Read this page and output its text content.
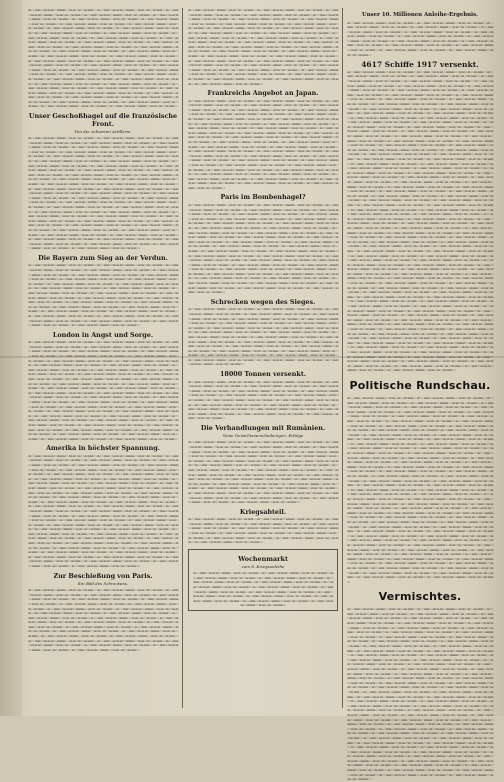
▬ ▭ ▬▬ ▭▬ ▬ ▬▭ ▬▬▬ ▭ ▬ ▬▭▬ ▭▬ ▬▬ ▭ ▬ ▭ ▬▬ ▭▬ ▬ ▬▭ ▬▬▬ ▭ ▬ ▬▭▬ ▭▬ ▬▬ ▭ ▬ ▭ ▬▬ ▭▬ ▬ ▬▭ ▬▬▬ ▭ ▬ ▬▭▬ ▭▬ ▬▬ ▭ ▬ ▭ ▬▬ ▭▬ ▬ ▬▭ ▬▬▬ ▭ ▬ ▬▭▬ ▭▬ ▬▬ ▭ ▬ ▭ ▬▬ ▭▬ ▬ ▬▭ ▬▬▬ ▭ ▬ ▬▭▬ ▭▬ ▬▬ ▭ ▬ ▭ ▬▬ ▭▬ ▬ ▬▭ ▬▬▬ ▭ ▬ ▬▭▬ ▭▬ ▬▬ ▭ ▬ ▭ ▬▬ ▭▬ ▬ ▬▭ ▬▬▬ ▭ ▬ ▬▭▬ ▭▬ ▬▬ ▭ ▬ ▭ ▬▬ ▭▬ ▬ ▬▭ ▬▬▬ ▭ ▬ ▬▭▬ ▭▬ ▬▬ ▭ ▬ ▭ ▬▬ ▭▬ ▬ ▬▭ ▬▬▬ ▭ ▬ ▬▭▬ ▭▬ ▬▬ ▭ ▬ ▭ ▬▬ ▭▬ ▬ ▬▭ ▬▬▬ ▭ ▬ ▬▭▬ ▭▬ ▬▬ ▭ ▬ ▭ ▬▬ ▭▬ ▬ ▬▭ ▬▬▬ ▭ ▬ ▬▭▬ ▭▬ ▬▬ ▭ ▬ ▭ ▬▬ ▭▬ ▬ ▬▭ ▬▬▬ ▭ ▬ ▬▭▬ ▭▬ ▬▬ ▭ ▬ ▭ ▬▬ ▭▬ ▬ ▬▭ ▬▬▬ ▭ ▬ ▬▭▬ ▭▬ ▬▬ ▭ ▬ ▭ ▬▬ ▭▬ ▬ ▬▭ ▬▬▬ ▭ ▬ ▬▭▬ ▭▬ ▬▬ ▭ ▬ ▭ ▬▬ ▭▬ ▬ ▬▭ ▬▬▬ ▭ ▬ ▬▭▬ ▭▬ ▬▬ ▭ ▬ ▭ ▬▬ ▭▬ ▬ ▬▭ ▬▬▬ ▭ ▬ ▬▭▬ ▭▬ ▬▬ ▭ ▬ ▭ ▬▬ ▭▬ ▬ ▬▭ ▬▬▬ ▭ ▬ ▬▭▬ ▭▬ ▬▬ ▭ ▬ ▭ ▬▬ ▭▬ ▬ ▬▭ ▬▬▬ ▭ ▬ ▬▭▬ ▭▬ ▬▬ ▭ ▬ ▭ ▬▬ ▭▬ ▬ ▬▭ ▬▬▬ ▭ ▬ ▬▭▬ ▭▬ ▬▬ ▭ ▬ ▭ ▬▬ ▭▬ ▬ ▬▭ ▬▬▬ ▭ ▬ ▬▭▬ ▭▬ ▬▬ ▭ ▬ ▭ ▬▬ ▭▬ ▬ ▬▭ ▬▬▬ ▭ ▬ ▬▭▬ ▭▬ ▬▬ ▭ ▬ ▭ ▬▬ ▭▬ ▬ ▬▭ ▬▬▬ ▭ ▬ ▬▭▬ ▭▬ ▬▬ ▭ ▬ ▭ ▬▬ ▭▬ ▬ ▬▭ ▬▬▬ ▭ ▬ ▬▭▬ ▭▬ ▬▬ ▭ ▬ ▭ ▬▬ ▭▬ ▬ ▬▭ ▬▬▬ ▭ ▬ ▬▭▬ ▭▬ ▬▬ ▭ ▬ ▭ ▬▬ ▭▬ ▬ ▬▭ ▬▬▬ ▭ ▬ ▬▭▬ ▭▬ ▬▬ ▭ ▬ ▭ ▬▬ ▭▬ ▬ ▬▭ ▬▬▬ ▭ ▬ ▬▭▬ ▭▬ ▬▬ ▭ ▬ ▭ ▬▬ ▭▬ ▬ ▬▭ ▬▬▬ ▭ ▬ ▬▭▬ ▭▬ ▬▬ ▭ ▬ ▭ ▬▬ ▭▬ ▬ ▬▭ ▬▬▬ ▭ ▬ ▬▭▬ ▭▬ ▬▬ ▭ ▬ ▭ ▬▬ ▭▬ ▬ ▬▭ ▬▬▬ ▭ ▬ ▬▭▬ ▭▬ ▬▬ ▭ ▬ ▭ ▬▬ ▭▬ ▬ ▬▭ ▬▬▬ ▭ ▬ ▬▭▬ ▭▬ ▬▬ ▭ ▬ ▭ ▬▬ ▭▬ ▬ ▬▭ ▬▬▬ ▭ ▬ ▬▭▬ ▭▬ ▬▬ ▭ ▬ ▭ ▬▬ ▭▬ ▬ ▬▭ ▬▬▬ ▭ ▬ ▬▭▬ ▭▬ ▬▬ ▭ ▬ ▭ ▬▬ ▭▬ ▬ ▬▭ ▬▬▬ ▭ ▬ ▬▭▬ ▭▬ ▬▬ ▭ ▬ ▭ ▬▬ ▭▬ ▬ ▬▭ ▬▬▬ ▭ ▬ ▬▭▬ ▭▬ ▬▬ ▭ ▬ ▭ ▬▬ ▭▬ ▬ ▬▭ ▬▬▬ ▭ ▬ ▬▭▬ ▭▬ ▬▬ ▭ ▬ ▭ ▬▬ ▭▬ ▬ ▬▭ ▬▬▬ ▭ ▬ ▬▭▬ ▭▬ ▬▬ ▭ ▬ ▭ ▬▬ ▭▬ ▬ ▬▭ ▬▬▬ ▭ ▬ ▬▭▬ ▭▬ ▬▬ ▭ ▬ ▭ ▬▬ ▭▬ ▬ ▬▭ ▬▬▬ ▭ ▬ ▬▭▬ ▭▬ ▬▬ ▭ ▬ ▭ ▬▬ ▭▬ ▬ ▬▭ ▬▬▬ ▭ ▬ ▬▭▬ ▭▬ ▬▬ ▭ ▬ ▭ ▬▬ ▭▬ ▬ ▬▭ ▬▬▬ ▭ ▬ ▬▭▬ ▭▬ ▬▬ ▭ ▬ ▭ ▬▬ ▭▬ ▬ ▬▭ ▬▬▬ ▭ ▬ ▬▭▬ ▭▬ ▬▬ ▭ ▬ ▭ ▬▬ ▭▬ ▬ ▬▭ ▬▬▬ ▭ ▬ ▬▭▬ ▭▬ ▬▬ ▭ ▬ ▭ ▬▬ ▭▬ ▬ ▬▭ ▬▬▬ ▭ ▬ ▬▭▬ ▭▬ ▬▬ ▭ ▬ ▭ ▬▬ ▭▬ ▬ ▬▭ ▬▬▬ ▭ ▬ ▬▭▬ ▭▬ ▬▬ ▭ ▬ ▭ ▬▬ ▭▬ ▬ ▬▭ ▬▬▬ ▭ ▬ ▬▭▬ ▭▬ ▬▬ ▭ ▬ ▭ ▬▬ ▭▬ ▬ ▬▭ ▬▬▬ ▭ ▬ ▬▭▬ ▭▬ ▬▬ ▭ ▬ ▭ ▬▬ ▭▬ ▬ ▬▭ ▬▬▬ ▭ ▬ ▬▭▬ ▭▬ ▬▬ ▭ ▬ ▭ ▬▬ ▭▬ ▬ ▬▭ ▬▬▬ ▭ ▬ ▬▭▬ ▭▬ ▬▬ ▭
Unser Geschoßhagel auf die französische Front.
Von der schweren Artillerie.
▬ ▭ ▬▬ ▭▬ ▬ ▬▭ ▬▬▬ ▭ ▬ ▬▭▬ ▭▬ ▬▬ ▭ ▬ ▭ ▬▬ ▭▬ ▬ ▬▭ ▬▬▬ ▭ ▬ ▬▭▬ ▭▬ ▬▬ ▭ ▬ ▭ ▬▬ ▭▬ ▬ ▬▭ ▬▬▬ ▭ ▬ ▬▭▬ ▭▬ ▬▬ ▭ ▬ ▭ ▬▬ ▭▬ ▬ ▬▭ ▬▬▬ ▭ ▬ ▬▭▬ ▭▬ ▬▬ ▭ ▬ ▭ ▬▬ ▭▬ ▬ ▬▭ ▬▬▬ ▭ ▬ ▬▭▬ ▭▬ ▬▬ ▭ ▬ ▭ ▬▬ ▭▬ ▬ ▬▭ ▬▬▬ ▭ ▬ ▬▭▬ ▭▬ ▬▬ ▭ ▬ ▭ ▬▬ ▭▬ ▬ ▬▭ ▬▬▬ ▭ ▬ ▬▭▬ ▭▬ ▬▬ ▭ ▬ ▭ ▬▬ ▭▬ ▬ ▬▭ ▬▬▬ ▭ ▬ ▬▭▬ ▭▬ ▬▬ ▭ ▬ ▭ ▬▬ ▭▬ ▬ ▬▭ ▬▬▬ ▭ ▬ ▬▭▬ ▭▬ ▬▬ ▭ ▬ ▭ ▬▬ ▭▬ ▬ ▬▭ ▬▬▬ ▭ ▬ ▬▭▬ ▭▬ ▬▬ ▭ ▬ ▭ ▬▬ ▭▬ ▬ ▬▭ ▬▬▬ ▭ ▬ ▬▭▬ ▭▬ ▬▬ ▭ ▬ ▭ ▬▬ ▭▬ ▬ ▬▭ ▬▬▬ ▭ ▬ ▬▭▬ ▭▬ ▬▬ ▭ ▬ ▭ ▬▬ ▭▬ ▬ ▬▭ ▬▬▬ ▭ ▬ ▬▭▬ ▭▬ ▬▬ ▭ ▬ ▭ ▬▬ ▭▬ ▬ ▬▭ ▬▬▬ ▭ ▬ ▬▭▬ ▭▬ ▬▬ ▭ ▬ ▭ ▬▬ ▭▬ ▬ ▬▭ ▬▬▬ ▭ ▬ ▬▭▬ ▭▬ ▬▬ ▭ ▬ ▭ ▬▬ ▭▬ ▬ ▬▭ ▬▬▬ ▭ ▬ ▬▭▬ ▭▬ ▬▬ ▭ ▬ ▭ ▬▬ ▭▬ ▬ ▬▭ ▬▬▬ ▭ ▬ ▬▭▬ ▭▬ ▬▬ ▭ ▬ ▭ ▬▬ ▭▬ ▬ ▬▭ ▬▬▬ ▭ ▬ ▬▭▬ ▭▬ ▬▬ ▭ ▬ ▭ ▬▬ ▭▬ ▬ ▬▭ ▬▬▬ ▭ ▬ ▬▭▬ ▭▬ ▬▬ ▭ ▬ ▭ ▬▬ ▭▬ ▬ ▬▭ ▬▬▬ ▭ ▬ ▬▭▬ ▭▬ ▬▬ ▭ ▬ ▭ ▬▬ ▭▬ ▬ ▬▭ ▬▬▬ ▭ ▬ ▬▭▬ ▭▬ ▬▬ ▭ ▬ ▭ ▬▬ ▭▬ ▬ ▬▭ ▬▬▬ ▭ ▬ ▬▭▬ ▭▬ ▬▬ ▭ ▬ ▭ ▬▬ ▭▬ ▬ ▬▭ ▬▬▬ ▭ ▬ ▬▭▬ ▭▬ ▬▬ ▭ ▬ ▭ ▬▬ ▭▬ ▬ ▬▭ ▬▬▬ ▭ ▬ ▬▭▬ ▭▬ ▬▬ ▭ ▬ ▭ ▬▬ ▭▬ ▬ ▬▭ ▬▬▬ ▭ ▬ ▬▭▬ ▭▬ ▬▬ ▭ ▬ ▭ ▬▬ ▭▬ ▬ ▬▭ ▬▬▬ ▭ ▬ ▬▭▬ ▭▬ ▬▬ ▭ ▬ ▭ ▬▬ ▭▬ ▬ ▬▭ ▬▬▬ ▭ ▬ ▬▭▬ ▭▬ ▬▬ ▭ ▬ ▭ ▬▬ ▭▬ ▬ ▬▭ ▬▬▬ ▭ ▬ ▬▭▬ ▭▬ ▬▬ ▭ ▬ ▭ ▬▬ ▭▬ ▬ ▬▭ ▬▬▬ ▭ ▬ ▬▭▬ ▭▬ ▬▬ ▭ ▬ ▭ ▬▬ ▭▬ ▬ ▬▭ ▬▬▬ ▭ ▬ ▬▭▬ ▭▬ ▬▬ ▭ ▬ ▭ ▬▬ ▭▬ ▬ ▬▭ ▬▬▬ ▭ ▬ ▬▭▬ ▭▬ ▬▬ ▭ ▬ ▭ ▬▬ ▭▬ ▬ ▬▭ ▬▬▬ ▭ ▬ ▬▭▬ ▭▬ ▬▬ ▭ ▬ ▭ ▬▬ ▭▬ ▬ ▬▭ ▬▬▬ ▭ ▬ ▬▭▬ ▭▬ ▬▬ ▭ ▬ ▭ ▬▬ ▭▬ ▬ ▬▭ ▬▬▬ ▭ ▬ ▬▭▬ ▭▬ ▬▬ ▭ ▬ ▭ ▬▬ ▭▬ ▬ ▬▭ ▬▬▬ ▭ ▬ ▬▭▬ ▭▬ ▬▬ ▭ ▬ ▭ ▬▬ ▭▬ ▬ ▬▭ ▬▬▬ ▭ ▬ ▬▭▬ ▭▬ ▬▬ ▭ ▬ ▭ ▬▬ ▭▬ ▬ ▬▭ ▬▬▬ ▭ ▬ ▬▭▬ ▭▬ ▬▬ ▭ ▬ ▭ ▬▬ ▭▬ ▬ ▬▭ ▬▬▬ ▭ ▬ ▬▭▬ ▭▬ ▬▬ ▭ ▬ ▭ ▬▬ ▭▬ ▬ ▬▭ ▬▬▬ ▭ ▬ ▬▭▬ ▭▬ ▬▬ ▭ ▬ ▭ ▬▬ ▭▬ ▬ ▬▭ ▬▬▬ ▭ ▬ ▬▭▬ ▭▬ ▬▬ ▭ ▬ ▭ ▬▬ ▭▬ ▬ ▬▭ ▬▬▬ ▭ ▬ ▬▭▬ ▭▬ ▬▬ ▭ ▬ ▭ ▬▬ ▭▬ ▬ ▬▭ ▬▬▬ ▭ ▬ ▬▭▬ ▭▬ ▬▬ ▭ ▬ ▭ ▬▬ ▭▬ ▬ ▬▭ ▬▬▬ ▭ ▬ ▬▭▬ ▭▬ ▬▬ ▭ ▬ ▭ ▬▬ ▭▬ ▬ ▬▭ ▬▬▬ ▭ ▬ ▬▭▬ ▭▬ ▬▬ ▭ ▬ ▭ ▬▬ ▭▬ ▬ ▬▭ ▬▬▬ ▭ ▬ ▬▭▬ ▭▬ ▬▬ ▭ ▬ ▭ ▬▬ ▭▬ ▬ ▬▭ ▬▬▬ ▭ ▬ ▬▭▬ ▭▬ ▬▬ ▭ ▬ ▭ ▬▬ ▭▬ ▬ ▬▭ ▬▬▬ ▭ ▬ ▬▭▬ ▭▬ ▬▬ ▭ ▬ ▭ ▬▬ ▭▬ ▬ ▬▭ ▬▬▬ ▭ ▬ ▬▭▬ ▭▬ ▬▬ ▭ ▬ ▭ ▬▬ ▭▬ ▬ ▬▭ ▬▬▬ ▭ ▬ ▬▭▬ ▭▬ ▬▬ ▭ ▬ ▭ ▬▬ ▭▬ ▬ ▬▭ ▬▬▬ ▭ ▬ ▬▭▬ ▭▬ ▬▬ ▭ ▬ ▭ ▬▬ ▭▬ ▬ ▬▭ ▬▬▬ ▭ ▬ ▬▭▬ ▭▬ ▬▬ ▭ ▬ ▭ ▬▬ ▭▬ ▬ ▬▭ ▬▬▬ ▭ ▬ ▬▭▬ ▭▬ ▬▬ ▭ ▬ ▭ ▬▬ ▭▬ ▬ ▬▭ ▬▬▬ ▭ ▬ ▬▭▬ ▭▬ ▬▬ ▭ ▬ ▭ ▬▬ ▭▬ ▬ ▬▭ ▬▬▬ ▭ ▬ ▬▭▬ ▭▬ ▬▬ ▭
Die Bayern zum Sieg an der Verdun.
▬ ▭ ▬▬ ▭▬ ▬ ▬▭ ▬▬▬ ▭ ▬ ▬▭▬ ▭▬ ▬▬ ▭ ▬ ▭ ▬▬ ▭▬ ▬ ▬▭ ▬▬▬ ▭ ▬ ▬▭▬ ▭▬ ▬▬ ▭ ▬ ▭ ▬▬ ▭▬ ▬ ▬▭ ▬▬▬ ▭ ▬ ▬▭▬ ▭▬ ▬▬ ▭ ▬ ▭ ▬▬ ▭▬ ▬ ▬▭ ▬▬▬ ▭ ▬ ▬▭▬ ▭▬ ▬▬ ▭ ▬ ▭ ▬▬ ▭▬ ▬ ▬▭ ▬▬▬ ▭ ▬ ▬▭▬ ▭▬ ▬▬ ▭ ▬ ▭ ▬▬ ▭▬ ▬ ▬▭ ▬▬▬ ▭ ▬ ▬▭▬ ▭▬ ▬▬ ▭ ▬ ▭ ▬▬ ▭▬ ▬ ▬▭ ▬▬▬ ▭ ▬ ▬▭▬ ▭▬ ▬▬ ▭ ▬ ▭ ▬▬ ▭▬ ▬ ▬▭ ▬▬▬ ▭ ▬ ▬▭▬ ▭▬ ▬▬ ▭ ▬ ▭ ▬▬ ▭▬ ▬ ▬▭ ▬▬▬ ▭ ▬ ▬▭▬ ▭▬ ▬▬ ▭ ▬ ▭ ▬▬ ▭▬ ▬ ▬▭ ▬▬▬ ▭ ▬ ▬▭▬ ▭▬ ▬▬ ▭ ▬ ▭ ▬▬ ▭▬ ▬ ▬▭ ▬▬▬ ▭ ▬ ▬▭▬ ▭▬ ▬▬ ▭ ▬ ▭ ▬▬ ▭▬ ▬ ▬▭ ▬▬▬ ▭ ▬ ▬▭▬ ▭▬ ▬▬ ▭ ▬ ▭ ▬▬ ▭▬ ▬ ▬▭ ▬▬▬ ▭ ▬ ▬▭▬ ▭▬ ▬▬ ▭ ▬ ▭ ▬▬ ▭▬ ▬ ▬▭ ▬▬▬ ▭ ▬ ▬▭▬ ▭▬ ▬▬ ▭ ▬ ▭ ▬▬ ▭▬ ▬ ▬▭ ▬▬▬ ▭ ▬ ▬▭▬ ▭▬ ▬▬ ▭ ▬ ▭ ▬▬ ▭▬ ▬ ▬▭ ▬▬▬ ▭ ▬ ▬▭▬ ▭▬ ▬▬ ▭ ▬ ▭ ▬▬ ▭▬ ▬ ▬▭ ▬▬▬ ▭ ▬ ▬▭▬ ▭▬ ▬▬ ▭ ▬ ▭ ▬▬ ▭▬ ▬ ▬▭ ▬▬▬ ▭ ▬ ▬▭▬ ▭▬ ▬▬ ▭ ▬ ▭ ▬▬ ▭▬ ▬ ▬▭ ▬▬▬ ▭ ▬ ▬▭▬ ▭▬ ▬▬ ▭ ▬ ▭ ▬▬ ▭▬ ▬ ▬▭ ▬▬▬ ▭ ▬ ▬▭▬ ▭▬ ▬▬ ▭ ▬ ▭ ▬▬ ▭▬ ▬ ▬▭ ▬▬▬ ▭ ▬ ▬▭▬ ▭▬ ▬▬ ▭ ▬ ▭ ▬▬ ▭▬ ▬ ▬▭ ▬▬▬ ▭ ▬ ▬▭▬ ▭▬ ▬▬ ▭ ▬ ▭ ▬▬ ▭▬ ▬ ▬▭ ▬▬▬ ▭ ▬ ▬▭▬ ▭▬ ▬▬ ▭ ▬ ▭ ▬▬ ▭▬ ▬ ▬▭ ▬▬▬ ▭ ▬ ▬▭▬ ▭▬ ▬▬ ▭ ▬ ▭ ▬▬ ▭▬ ▬ ▬▭ ▬▬▬ ▭ ▬ ▬▭▬ ▭▬ ▬▬ ▭ ▬ ▭ ▬▬ ▭▬ ▬ ▬▭ ▬▬▬ ▭ ▬ ▬▭▬ ▭▬ ▬▬ ▭ ▬ ▭ ▬▬ ▭▬ ▬ ▬▭ ▬▬▬ ▭ ▬ ▬▭▬ ▭▬ ▬▬ ▭ ▬ ▭ ▬▬ ▭▬ ▬ ▬▭ ▬▬▬ ▭ ▬ ▬▭▬ ▭▬ ▬▬ ▭ ▬ ▭ ▬▬ ▭▬ ▬ ▬▭ ▬▬▬ ▭ ▬ ▬▭▬ ▭▬ ▬▬ ▭ ▬ ▭ ▬▬ ▭▬ ▬ ▬▭ ▬▬▬ ▭ ▬ ▬▭▬ ▭▬ ▬▬ ▭
London in Angst und Sorge.
▬ ▭ ▬▬ ▭▬ ▬ ▬▭ ▬▬▬ ▭ ▬ ▬▭▬ ▭▬ ▬▬ ▭ ▬ ▭ ▬▬ ▭▬ ▬ ▬▭ ▬▬▬ ▭ ▬ ▬▭▬ ▭▬ ▬▬ ▭ ▬ ▭ ▬▬ ▭▬ ▬ ▬▭ ▬▬▬ ▭ ▬ ▬▭▬ ▭▬ ▬▬ ▭ ▬ ▭ ▬▬ ▭▬ ▬ ▬▭ ▬▬▬ ▭ ▬ ▬▭▬ ▭▬ ▬▬ ▭ ▬ ▭ ▬▬ ▭▬ ▬ ▬▭ ▬▬▬ ▭ ▬ ▬▭▬ ▭▬ ▬▬ ▭ ▬ ▭ ▬▬ ▭▬ ▬ ▬▭ ▬▬▬ ▭ ▬ ▬▭▬ ▭▬ ▬▬ ▭ ▬ ▭ ▬▬ ▭▬ ▬ ▬▭ ▬▬▬ ▭ ▬ ▬▭▬ ▭▬ ▬▬ ▭ ▬ ▭ ▬▬ ▭▬ ▬ ▬▭ ▬▬▬ ▭ ▬ ▬▭▬ ▭▬ ▬▬ ▭ ▬ ▭ ▬▬ ▭▬ ▬ ▬▭ ▬▬▬ ▭ ▬ ▬▭▬ ▭▬ ▬▬ ▭ ▬ ▭ ▬▬ ▭▬ ▬ ▬▭ ▬▬▬ ▭ ▬ ▬▭▬ ▭▬ ▬▬ ▭ ▬ ▭ ▬▬ ▭▬ ▬ ▬▭ ▬▬▬ ▭ ▬ ▬▭▬ ▭▬ ▬▬ ▭ ▬ ▭ ▬▬ ▭▬ ▬ ▬▭ ▬▬▬ ▭ ▬ ▬▭▬ ▭▬ ▬▬ ▭ ▬ ▭ ▬▬ ▭▬ ▬ ▬▭ ▬▬▬ ▭ ▬ ▬▭▬ ▭▬ ▬▬ ▭ ▬ ▭ ▬▬ ▭▬ ▬ ▬▭ ▬▬▬ ▭ ▬ ▬▭▬ ▭▬ ▬▬ ▭ ▬ ▭ ▬▬ ▭▬ ▬ ▬▭ ▬▬▬ ▭ ▬ ▬▭▬ ▭▬ ▬▬ ▭ ▬ ▭ ▬▬ ▭▬ ▬ ▬▭ ▬▬▬ ▭ ▬ ▬▭▬ ▭▬ ▬▬ ▭ ▬ ▭ ▬▬ ▭▬ ▬ ▬▭ ▬▬▬ ▭ ▬ ▬▭▬ ▭▬ ▬▬ ▭ ▬ ▭ ▬▬ ▭▬ ▬ ▬▭ ▬▬▬ ▭ ▬ ▬▭▬ ▭▬ ▬▬ ▭ ▬ ▭ ▬▬ ▭▬ ▬ ▬▭ ▬▬▬ ▭ ▬ ▬▭▬ ▭▬ ▬▬ ▭ ▬ ▭ ▬▬ ▭▬ ▬ ▬▭ ▬▬▬ ▭ ▬ ▬▭▬ ▭▬ ▬▬ ▭ ▬ ▭ ▬▬ ▭▬ ▬ ▬▭ ▬▬▬ ▭ ▬ ▬▭▬ ▭▬ ▬▬ ▭ ▬ ▭ ▬▬ ▭▬ ▬ ▬▭ ▬▬▬ ▭ ▬ ▬▭▬ ▭▬ ▬▬ ▭ ▬ ▭ ▬▬ ▭▬ ▬ ▬▭ ▬▬▬ ▭ ▬ ▬▭▬ ▭▬ ▬▬ ▭ ▬ ▭ ▬▬ ▭▬ ▬ ▬▭ ▬▬▬ ▭ ▬ ▬▭▬ ▭▬ ▬▬ ▭ ▬ ▭ ▬▬ ▭▬ ▬ ▬▭ ▬▬▬ ▭ ▬ ▬▭▬ ▭▬ ▬▬ ▭ ▬ ▭ ▬▬ ▭▬ ▬ ▬▭ ▬▬▬ ▭ ▬ ▬▭▬ ▭▬ ▬▬ ▭ ▬ ▭ ▬▬ ▭▬ ▬ ▬▭ ▬▬▬ ▭ ▬ ▬▭▬ ▭▬ ▬▬ ▭ ▬ ▭ ▬▬ ▭▬ ▬ ▬▭ ▬▬▬ ▭ ▬ ▬▭▬ ▭▬ ▬▬ ▭ ▬ ▭ ▬▬ ▭▬ ▬ ▬▭ ▬▬▬ ▭ ▬ ▬▭▬ ▭▬ ▬▬ ▭ ▬ ▭ ▬▬ ▭▬ ▬ ▬▭ ▬▬▬ ▭ ▬ ▬▭▬ ▭▬ ▬▬ ▭ ▬ ▭ ▬▬ ▭▬ ▬ ▬▭ ▬▬▬ ▭ ▬ ▬▭▬ ▭▬ ▬▬ ▭ ▬ ▭ ▬▬ ▭▬ ▬ ▬▭ ▬▬▬ ▭ ▬ ▬▭▬ ▭▬ ▬▬ ▭ ▬ ▭ ▬▬ ▭▬ ▬ ▬▭ ▬▬▬ ▭ ▬ ▬▭▬ ▭▬ ▬▬ ▭ ▬ ▭ ▬▬ ▭▬ ▬ ▬▭ ▬▬▬ ▭ ▬ ▬▭▬ ▭▬ ▬▬ ▭ ▬ ▭ ▬▬ ▭▬ ▬ ▬▭ ▬▬▬ ▭ ▬ ▬▭▬ ▭▬ ▬▬ ▭ ▬ ▭ ▬▬ ▭▬ ▬ ▬▭ ▬▬▬ ▭ ▬ ▬▭▬ ▭▬ ▬▬ ▭ ▬ ▭ ▬▬ ▭▬ ▬ ▬▭ ▬▬▬ ▭ ▬ ▬▭▬ ▭▬ ▬▬ ▭ ▬ ▭ ▬▬ ▭▬ ▬ ▬▭ ▬▬▬ ▭ ▬ ▬▭▬ ▭▬ ▬▬ ▭ ▬ ▭ ▬▬ ▭▬ ▬ ▬▭ ▬▬▬ ▭ ▬ ▬▭▬ ▭▬ ▬▬ ▭ ▬ ▭ ▬▬ ▭▬ ▬ ▬▭ ▬▬▬ ▭ ▬ ▬▭▬ ▭▬ ▬▬ ▭ ▬ ▭ ▬▬ ▭▬ ▬ ▬▭ ▬▬▬ ▭ ▬ ▬▭▬ ▭▬ ▬▬ ▭ ▬ ▭ ▬▬ ▭▬ ▬ ▬▭ ▬▬▬ ▭ ▬ ▬▭▬ ▭▬ ▬▬ ▭ ▬ ▭ ▬▬ ▭▬ ▬ ▬▭ ▬▬▬ ▭ ▬ ▬▭▬ ▭▬ ▬▬ ▭ ▬ ▭ ▬▬ ▭▬ ▬ ▬▭ ▬▬▬ ▭ ▬ ▬▭▬ ▭▬ ▬▬ ▭ ▬ ▭ ▬▬ ▭▬ ▬ ▬▭ ▬▬▬ ▭ ▬ ▬▭▬ ▭▬ ▬▬ ▭ ▬ ▭ ▬▬ ▭▬ ▬ ▬▭ ▬▬▬ ▭ ▬ ▬▭▬ ▭▬ ▬▬ ▭ ▬ ▭ ▬▬ ▭▬ ▬ ▬▭ ▬▬▬ ▭ ▬ ▬▭▬ ▭▬ ▬▬ ▭ ▬ ▭ ▬▬ ▭▬ ▬ ▬▭ ▬▬▬ ▭ ▬ ▬▭▬ ▭▬ ▬▬ ▭
Amerika in höchster Spannung.
▬ ▭ ▬▬ ▭▬ ▬ ▬▭ ▬▬▬ ▭ ▬ ▬▭▬ ▭▬ ▬▬ ▭ ▬ ▭ ▬▬ ▭▬ ▬ ▬▭ ▬▬▬ ▭ ▬ ▬▭▬ ▭▬ ▬▬ ▭ ▬ ▭ ▬▬ ▭▬ ▬ ▬▭ ▬▬▬ ▭ ▬ ▬▭▬ ▭▬ ▬▬ ▭ ▬ ▭ ▬▬ ▭▬ ▬ ▬▭ ▬▬▬ ▭ ▬ ▬▭▬ ▭▬ ▬▬ ▭ ▬ ▭ ▬▬ ▭▬ ▬ ▬▭ ▬▬▬ ▭ ▬ ▬▭▬ ▭▬ ▬▬ ▭ ▬ ▭ ▬▬ ▭▬ ▬ ▬▭ ▬▬▬ ▭ ▬ ▬▭▬ ▭▬ ▬▬ ▭ ▬ ▭ ▬▬ ▭▬ ▬ ▬▭ ▬▬▬ ▭ ▬ ▬▭▬ ▭▬ ▬▬ ▭ ▬ ▭ ▬▬ ▭▬ ▬ ▬▭ ▬▬▬ ▭ ▬ ▬▭▬ ▭▬ ▬▬ ▭ ▬ ▭ ▬▬ ▭▬ ▬ ▬▭ ▬▬▬ ▭ ▬ ▬▭▬ ▭▬ ▬▬ ▭ ▬ ▭ ▬▬ ▭▬ ▬ ▬▭ ▬▬▬ ▭ ▬ ▬▭▬ ▭▬ ▬▬ ▭ ▬ ▭ ▬▬ ▭▬ ▬ ▬▭ ▬▬▬ ▭ ▬ ▬▭▬ ▭▬ ▬▬ ▭ ▬ ▭ ▬▬ ▭▬ ▬ ▬▭ ▬▬▬ ▭ ▬ ▬▭▬ ▭▬ ▬▬ ▭ ▬ ▭ ▬▬ ▭▬ ▬ ▬▭ ▬▬▬ ▭ ▬ ▬▭▬ ▭▬ ▬▬ ▭ ▬ ▭ ▬▬ ▭▬ ▬ ▬▭ ▬▬▬ ▭ ▬ ▬▭▬ ▭▬ ▬▬ ▭ ▬ ▭ ▬▬ ▭▬ ▬ ▬▭ ▬▬▬ ▭ ▬ ▬▭▬ ▭▬ ▬▬ ▭ ▬ ▭ ▬▬ ▭▬ ▬ ▬▭ ▬▬▬ ▭ ▬ ▬▭▬ ▭▬ ▬▬ ▭ ▬ ▭ ▬▬ ▭▬ ▬ ▬▭ ▬▬▬ ▭ ▬ ▬▭▬ ▭▬ ▬▬ ▭ ▬ ▭ ▬▬ ▭▬ ▬ ▬▭ ▬▬▬ ▭ ▬ ▬▭▬ ▭▬ ▬▬ ▭ ▬ ▭ ▬▬ ▭▬ ▬ ▬▭ ▬▬▬ ▭ ▬ ▬▭▬ ▭▬ ▬▬ ▭ ▬ ▭ ▬▬ ▭▬ ▬ ▬▭ ▬▬▬ ▭ ▬ ▬▭▬ ▭▬ ▬▬ ▭ ▬ ▭ ▬▬ ▭▬ ▬ ▬▭ ▬▬▬ ▭ ▬ ▬▭▬ ▭▬ ▬▬ ▭ ▬ ▭ ▬▬ ▭▬ ▬ ▬▭ ▬▬▬ ▭ ▬ ▬▭▬ ▭▬ ▬▬ ▭ ▬ ▭ ▬▬ ▭▬ ▬ ▬▭ ▬▬▬ ▭ ▬ ▬▭▬ ▭▬ ▬▬ ▭ ▬ ▭ ▬▬ ▭▬ ▬ ▬▭ ▬▬▬ ▭ ▬ ▬▭▬ ▭▬ ▬▬ ▭ ▬ ▭ ▬▬ ▭▬ ▬ ▬▭ ▬▬▬ ▭ ▬ ▬▭▬ ▭▬ ▬▬ ▭ ▬ ▭ ▬▬ ▭▬ ▬ ▬▭ ▬▬▬ ▭ ▬ ▬▭▬ ▭▬ ▬▬ ▭ ▬ ▭ ▬▬ ▭▬ ▬ ▬▭ ▬▬▬ ▭ ▬ ▬▭▬ ▭▬ ▬▬ ▭ ▬ ▭ ▬▬ ▭▬ ▬ ▬▭ ▬▬▬ ▭ ▬ ▬▭▬ ▭▬ ▬▬ ▭ ▬ ▭ ▬▬ ▭▬ ▬ ▬▭ ▬▬▬ ▭ ▬ ▬▭▬ ▭▬ ▬▬ ▭ ▬ ▭ ▬▬ ▭▬ ▬ ▬▭ ▬▬▬ ▭ ▬ ▬▭▬ ▭▬ ▬▬ ▭ ▬ ▭ ▬▬ ▭▬ ▬ ▬▭ ▬▬▬ ▭ ▬ ▬▭▬ ▭▬ ▬▬ ▭ ▬ ▭ ▬▬ ▭▬ ▬ ▬▭ ▬▬▬ ▭ ▬ ▬▭▬ ▭▬ ▬▬ ▭ ▬ ▭ ▬▬ ▭▬ ▬ ▬▭ ▬▬▬ ▭ ▬ ▬▭▬ ▭▬ ▬▬ ▭ ▬ ▭ ▬▬ ▭▬ ▬ ▬▭ ▬▬▬ ▭ ▬ ▬▭▬ ▭▬ ▬▬ ▭ ▬ ▭ ▬▬ ▭▬ ▬ ▬▭ ▬▬▬ ▭ ▬ ▬▭▬ ▭▬ ▬▬ ▭ ▬ ▭ ▬▬ ▭▬ ▬ ▬▭ ▬▬▬ ▭ ▬ ▬▭▬ ▭▬ ▬▬ ▭ ▬ ▭ ▬▬ ▭▬ ▬ ▬▭ ▬▬▬ ▭ ▬ ▬▭▬ ▭▬ ▬▬ ▭ ▬ ▭ ▬▬ ▭▬ ▬ ▬▭ ▬▬▬ ▭ ▬ ▬▭▬ ▭▬ ▬▬ ▭ ▬ ▭ ▬▬ ▭▬ ▬ ▬▭ ▬▬▬ ▭ ▬ ▬▭▬ ▭▬ ▬▬ ▭ ▬ ▭ ▬▬ ▭▬ ▬ ▬▭ ▬▬▬ ▭ ▬ ▬▭▬ ▭▬ ▬▬ ▭ ▬ ▭ ▬▬ ▭▬ ▬ ▬▭ ▬▬▬ ▭ ▬ ▬▭▬ ▭▬ ▬▬ ▭ ▬ ▭ ▬▬ ▭▬ ▬ ▬▭ ▬▬▬ ▭ ▬ ▬▭▬ ▭▬ ▬▬ ▭ ▬ ▭ ▬▬ ▭▬ ▬ ▬▭ ▬▬▬ ▭ ▬ ▬▭▬ ▭▬ ▬▬ ▭ ▬ ▭ ▬▬ ▭▬ ▬ ▬▭ ▬▬▬ ▭ ▬ ▬▭▬ ▭▬ ▬▬ ▭ ▬ ▭ ▬▬ ▭▬ ▬ ▬▭ ▬▬▬ ▭ ▬ ▬▭▬ ▭▬ ▬▬ ▭ ▬ ▭ ▬▬ ▭▬ ▬ ▬▭ ▬▬▬ ▭ ▬ ▬▭▬ ▭▬ ▬▬ ▭ ▬ ▭ ▬▬ ▭▬ ▬ ▬▭ ▬▬▬ ▭ ▬ ▬▭▬ ▭▬ ▬▬ ▭ ▬ ▭ ▬▬ ▭▬ ▬ ▬▭ ▬▬▬ ▭ ▬ ▬▭▬ ▭▬ ▬▬ ▭ ▬ ▭ ▬▬ ▭▬ ▬ ▬▭ ▬▬▬ ▭ ▬ ▬▭▬ ▭▬ ▬▬ ▭ ▬ ▭ ▬▬ ▭▬ ▬ ▬▭ ▬▬▬ ▭ ▬ ▬▭▬ ▭▬ ▬▬ ▭ ▬ ▭ ▬▬ ▭▬ ▬ ▬▭ ▬▬▬ ▭ ▬ ▬▭▬ ▭▬ ▬▬ ▭ ▬ ▭ ▬▬ ▭▬ ▬ ▬▭ ▬▬▬ ▭ ▬ ▬▭▬ ▭▬ ▬▬ ▭ ▬ ▭ ▬▬ ▭▬ ▬ ▬▭ ▬▬▬ ▭ ▬ ▬▭▬ ▭▬ ▬▬ ▭ ▬ ▭ ▬▬ ▭▬ ▬ ▬▭ ▬▬▬ ▭ ▬ ▬▭▬ ▭▬ ▬▬ ▭
Zur Beschießung von Paris.
Ein Bild des Schreckens.
▬ ▭ ▬▬ ▭▬ ▬ ▬▭ ▬▬▬ ▭ ▬ ▬▭▬ ▭▬ ▬▬ ▭ ▬ ▭ ▬▬ ▭▬ ▬ ▬▭ ▬▬▬ ▭ ▬ ▬▭▬ ▭▬ ▬▬ ▭ ▬ ▭ ▬▬ ▭▬ ▬ ▬▭ ▬▬▬ ▭ ▬ ▬▭▬ ▭▬ ▬▬ ▭ ▬ ▭ ▬▬ ▭▬ ▬ ▬▭ ▬▬▬ ▭ ▬ ▬▭▬ ▭▬ ▬▬ ▭ ▬ ▭ ▬▬ ▭▬ ▬ ▬▭ ▬▬▬ ▭ ▬ ▬▭▬ ▭▬ ▬▬ ▭ ▬ ▭ ▬▬ ▭▬ ▬ ▬▭ ▬▬▬ ▭ ▬ ▬▭▬ ▭▬ ▬▬ ▭ ▬ ▭ ▬▬ ▭▬ ▬ ▬▭ ▬▬▬ ▭ ▬ ▬▭▬ ▭▬ ▬▬ ▭ ▬ ▭ ▬▬ ▭▬ ▬ ▬▭ ▬▬▬ ▭ ▬ ▬▭▬ ▭▬ ▬▬ ▭ ▬ ▭ ▬▬ ▭▬ ▬ ▬▭ ▬▬▬ ▭ ▬ ▬▭▬ ▭▬ ▬▬ ▭ ▬ ▭ ▬▬ ▭▬ ▬ ▬▭ ▬▬▬ ▭ ▬ ▬▭▬ ▭▬ ▬▬ ▭ ▬ ▭ ▬▬ ▭▬ ▬ ▬▭ ▬▬▬ ▭ ▬ ▬▭▬ ▭▬ ▬▬ ▭ ▬ ▭ ▬▬ ▭▬ ▬ ▬▭ ▬▬▬ ▭ ▬ ▬▭▬ ▭▬ ▬▬ ▭ ▬ ▭ ▬▬ ▭▬ ▬ ▬▭ ▬▬▬ ▭ ▬ ▬▭▬ ▭▬ ▬▬ ▭ ▬ ▭ ▬▬ ▭▬ ▬ ▬▭ ▬▬▬ ▭ ▬ ▬▭▬ ▭▬ ▬▬ ▭ ▬ ▭ ▬▬ ▭▬ ▬ ▬▭ ▬▬▬ ▭ ▬ ▬▭▬ ▭▬ ▬▬ ▭ ▬ ▭ ▬▬ ▭▬ ▬ ▬▭ ▬▬▬ ▭ ▬ ▬▭▬ ▭▬ ▬▬ ▭ ▬ ▭ ▬▬ ▭▬ ▬ ▬▭ ▬▬▬ ▭ ▬ ▬▭▬ ▭▬ ▬▬ ▭ ▬ ▭ ▬▬ ▭▬ ▬ ▬▭ ▬▬▬ ▭ ▬ ▬▭▬ ▭▬ ▬▬ ▭ ▬ ▭ ▬▬ ▭▬ ▬ ▬▭ ▬▬▬ ▭ ▬ ▬▭▬ ▭▬ ▬▬ ▭ ▬ ▭ ▬▬ ▭▬ ▬ ▬▭ ▬▬▬ ▭ ▬ ▬▭▬ ▭▬ ▬▬ ▭ ▬ ▭ ▬▬ ▭▬ ▬ ▬▭ ▬▬▬ ▭ ▬ ▬▭▬ ▭▬ ▬▬ ▭ ▬ ▭ ▬▬ ▭▬ ▬ ▬▭ ▬▬▬ ▭ ▬ ▬▭▬ ▭▬ ▬▬ ▭ ▬ ▭ ▬▬ ▭▬ ▬ ▬▭ ▬▬▬ ▭ ▬ ▬▭▬ ▭▬ ▬▬ ▭ ▬ ▭ ▬▬ ▭▬ ▬ ▬▭ ▬▬▬ ▭ ▬ ▬▭▬ ▭▬ ▬▬ ▭ ▬ ▭ ▬▬ ▭▬ ▬ ▬▭ ▬▬▬ ▭ ▬ ▬▭▬ ▭▬ ▬▬ ▭ ▬ ▭ ▬▬ ▭▬ ▬ ▬▭ ▬▬▬ ▭ ▬ ▬▭▬ ▭▬ ▬▬ ▭ ▬ ▭ ▬▬ ▭▬ ▬ ▬▭ ▬▬▬ ▭ ▬ ▬▭▬ ▭▬ ▬▬ ▭ ▬ ▭ ▬▬ ▭▬ ▬ ▬▭ ▬▬▬ ▭ ▬ ▬▭▬ ▭▬ ▬▬ ▭ ▬ ▭ ▬▬ ▭▬ ▬ ▬▭ ▬▬▬ ▭ ▬ ▬▭▬ ▭▬ ▬▬ ▭ ▬ ▭ ▬▬ ▭▬ ▬ ▬▭ ▬▬▬ ▭ ▬ ▬▭▬ ▭▬ ▬▬ ▭
▬ ▭ ▬▬ ▭▬ ▬ ▬▭ ▬▬▬ ▭ ▬ ▬▭▬ ▭▬ ▬▬ ▭ ▬ ▭ ▬▬ ▭▬ ▬ ▬▭ ▬▬▬ ▭ ▬ ▬▭▬ ▭▬ ▬▬ ▭ ▬ ▭ ▬▬ ▭▬ ▬ ▬▭ ▬▬▬ ▭ ▬ ▬▭▬ ▭▬ ▬▬ ▭ ▬ ▭ ▬▬ ▭▬ ▬ ▬▭ ▬▬▬ ▭ ▬ ▬▭▬ ▭▬ ▬▬ ▭ ▬ ▭ ▬▬ ▭▬ ▬ ▬▭ ▬▬▬ ▭ ▬ ▬▭▬ ▭▬ ▬▬ ▭ ▬ ▭ ▬▬ ▭▬ ▬ ▬▭ ▬▬▬ ▭ ▬ ▬▭▬ ▭▬ ▬▬ ▭ ▬ ▭ ▬▬ ▭▬ ▬ ▬▭ ▬▬▬ ▭ ▬ ▬▭▬ ▭▬ ▬▬ ▭ ▬ ▭ ▬▬ ▭▬ ▬ ▬▭ ▬▬▬ ▭ ▬ ▬▭▬ ▭▬ ▬▬ ▭ ▬ ▭ ▬▬ ▭▬ ▬ ▬▭ ▬▬▬ ▭ ▬ ▬▭▬ ▭▬ ▬▬ ▭ ▬ ▭ ▬▬ ▭▬ ▬ ▬▭ ▬▬▬ ▭ ▬ ▬▭▬ ▭▬ ▬▬ ▭ ▬ ▭ ▬▬ ▭▬ ▬ ▬▭ ▬▬▬ ▭ ▬ ▬▭▬ ▭▬ ▬▬ ▭ ▬ ▭ ▬▬ ▭▬ ▬ ▬▭ ▬▬▬ ▭ ▬ ▬▭▬ ▭▬ ▬▬ ▭ ▬ ▭ ▬▬ ▭▬ ▬ ▬▭ ▬▬▬ ▭ ▬ ▬▭▬ ▭▬ ▬▬ ▭ ▬ ▭ ▬▬ ▭▬ ▬ ▬▭ ▬▬▬ ▭ ▬ ▬▭▬ ▭▬ ▬▬ ▭ ▬ ▭ ▬▬ ▭▬ ▬ ▬▭ ▬▬▬ ▭ ▬ ▬▭▬ ▭▬ ▬▬ ▭ ▬ ▭ ▬▬ ▭▬ ▬ ▬▭ ▬▬▬ ▭ ▬ ▬▭▬ ▭▬ ▬▬ ▭ ▬ ▭ ▬▬ ▭▬ ▬ ▬▭ ▬▬▬ ▭ ▬ ▬▭▬ ▭▬ ▬▬ ▭ ▬ ▭ ▬▬ ▭▬ ▬ ▬▭ ▬▬▬ ▭ ▬ ▬▭▬ ▭▬ ▬▬ ▭ ▬ ▭ ▬▬ ▭▬ ▬ ▬▭ ▬▬▬ ▭ ▬ ▬▭▬ ▭▬ ▬▬ ▭ ▬ ▭ ▬▬ ▭▬ ▬ ▬▭ ▬▬▬ ▭ ▬ ▬▭▬ ▭▬ ▬▬ ▭ ▬ ▭ ▬▬ ▭▬ ▬ ▬▭ ▬▬▬ ▭ ▬ ▬▭▬ ▭▬ ▬▬ ▭ ▬ ▭ ▬▬ ▭▬ ▬ ▬▭ ▬▬▬ ▭ ▬ ▬▭▬ ▭▬ ▬▬ ▭ ▬ ▭ ▬▬ ▭▬ ▬ ▬▭ ▬▬▬ ▭ ▬ ▬▭▬ ▭▬ ▬▬ ▭ ▬ ▭ ▬▬ ▭▬ ▬ ▬▭ ▬▬▬ ▭ ▬ ▬▭▬ ▭▬ ▬▬ ▭ ▬ ▭ ▬▬ ▭▬ ▬ ▬▭ ▬▬▬ ▭ ▬ ▬▭▬ ▭▬ ▬▬ ▭ ▬ ▭ ▬▬ ▭▬ ▬ ▬▭ ▬▬▬ ▭ ▬ ▬▭▬ ▭▬ ▬▬ ▭ ▬ ▭ ▬▬ ▭▬ ▬ ▬▭ ▬▬▬ ▭ ▬ ▬▭▬ ▭▬ ▬▬ ▭ ▬ ▭ ▬▬ ▭▬ ▬ ▬▭ ▬▬▬ ▭ ▬ ▬▭▬ ▭▬ ▬▬ ▭ ▬ ▭ ▬▬ ▭▬ ▬ ▬▭ ▬▬▬ ▭ ▬ ▬▭▬ ▭▬ ▬▬ ▭ ▬ ▭ ▬▬ ▭▬ ▬ ▬▭ ▬▬▬ ▭ ▬ ▬▭▬ ▭▬ ▬▬ ▭ ▬ ▭ ▬▬ ▭▬ ▬ ▬▭ ▬▬▬ ▭ ▬ ▬▭▬ ▭▬ ▬▬ ▭ ▬ ▭ ▬▬ ▭▬ ▬ ▬▭ ▬▬▬ ▭ ▬ ▬▭▬ ▭▬ ▬▬ ▭ ▬ ▭ ▬▬ ▭▬ ▬ ▬▭ ▬▬▬ ▭ ▬ ▬▭▬ ▭▬ ▬▬ ▭ ▬ ▭ ▬▬ ▭▬ ▬ ▬▭ ▬▬▬ ▭ ▬ ▬▭▬ ▭▬ ▬▬ ▭ ▬ ▭ ▬▬ ▭▬ ▬ ▬▭ ▬▬▬ ▭ ▬ ▬▭▬ ▭▬ ▬▬ ▭ ▬ ▭ ▬▬ ▭▬ ▬ ▬▭ ▬▬▬ ▭ ▬ ▬▭▬ ▭▬ ▬▬ ▭
Frankreichs Angebot an Japan.
▬ ▭ ▬▬ ▭▬ ▬ ▬▭ ▬▬▬ ▭ ▬ ▬▭▬ ▭▬ ▬▬ ▭ ▬ ▭ ▬▬ ▭▬ ▬ ▬▭ ▬▬▬ ▭ ▬ ▬▭▬ ▭▬ ▬▬ ▭ ▬ ▭ ▬▬ ▭▬ ▬ ▬▭ ▬▬▬ ▭ ▬ ▬▭▬ ▭▬ ▬▬ ▭ ▬ ▭ ▬▬ ▭▬ ▬ ▬▭ ▬▬▬ ▭ ▬ ▬▭▬ ▭▬ ▬▬ ▭ ▬ ▭ ▬▬ ▭▬ ▬ ▬▭ ▬▬▬ ▭ ▬ ▬▭▬ ▭▬ ▬▬ ▭ ▬ ▭ ▬▬ ▭▬ ▬ ▬▭ ▬▬▬ ▭ ▬ ▬▭▬ ▭▬ ▬▬ ▭ ▬ ▭ ▬▬ ▭▬ ▬ ▬▭ ▬▬▬ ▭ ▬ ▬▭▬ ▭▬ ▬▬ ▭ ▬ ▭ ▬▬ ▭▬ ▬ ▬▭ ▬▬▬ ▭ ▬ ▬▭▬ ▭▬ ▬▬ ▭ ▬ ▭ ▬▬ ▭▬ ▬ ▬▭ ▬▬▬ ▭ ▬ ▬▭▬ ▭▬ ▬▬ ▭ ▬ ▭ ▬▬ ▭▬ ▬ ▬▭ ▬▬▬ ▭ ▬ ▬▭▬ ▭▬ ▬▬ ▭ ▬ ▭ ▬▬ ▭▬ ▬ ▬▭ ▬▬▬ ▭ ▬ ▬▭▬ ▭▬ ▬▬ ▭ ▬ ▭ ▬▬ ▭▬ ▬ ▬▭ ▬▬▬ ▭ ▬ ▬▭▬ ▭▬ ▬▬ ▭ ▬ ▭ ▬▬ ▭▬ ▬ ▬▭ ▬▬▬ ▭ ▬ ▬▭▬ ▭▬ ▬▬ ▭ ▬ ▭ ▬▬ ▭▬ ▬ ▬▭ ▬▬▬ ▭ ▬ ▬▭▬ ▭▬ ▬▬ ▭ ▬ ▭ ▬▬ ▭▬ ▬ ▬▭ ▬▬▬ ▭ ▬ ▬▭▬ ▭▬ ▬▬ ▭ ▬ ▭ ▬▬ ▭▬ ▬ ▬▭ ▬▬▬ ▭ ▬ ▬▭▬ ▭▬ ▬▬ ▭ ▬ ▭ ▬▬ ▭▬ ▬ ▬▭ ▬▬▬ ▭ ▬ ▬▭▬ ▭▬ ▬▬ ▭ ▬ ▭ ▬▬ ▭▬ ▬ ▬▭ ▬▬▬ ▭ ▬ ▬▭▬ ▭▬ ▬▬ ▭ ▬ ▭ ▬▬ ▭▬ ▬ ▬▭ ▬▬▬ ▭ ▬ ▬▭▬ ▭▬ ▬▬ ▭ ▬ ▭ ▬▬ ▭▬ ▬ ▬▭ ▬▬▬ ▭ ▬ ▬▭▬ ▭▬ ▬▬ ▭ ▬ ▭ ▬▬ ▭▬ ▬ ▬▭ ▬▬▬ ▭ ▬ ▬▭▬ ▭▬ ▬▬ ▭ ▬ ▭ ▬▬ ▭▬ ▬ ▬▭ ▬▬▬ ▭ ▬ ▬▭▬ ▭▬ ▬▬ ▭ ▬ ▭ ▬▬ ▭▬ ▬ ▬▭ ▬▬▬ ▭ ▬ ▬▭▬ ▭▬ ▬▬ ▭ ▬ ▭ ▬▬ ▭▬ ▬ ▬▭ ▬▬▬ ▭ ▬ ▬▭▬ ▭▬ ▬▬ ▭ ▬ ▭ ▬▬ ▭▬ ▬ ▬▭ ▬▬▬ ▭ ▬ ▬▭▬ ▭▬ ▬▬ ▭ ▬ ▭ ▬▬ ▭▬ ▬ ▬▭ ▬▬▬ ▭ ▬ ▬▭▬ ▭▬ ▬▬ ▭ ▬ ▭ ▬▬ ▭▬ ▬ ▬▭ ▬▬▬ ▭ ▬ ▬▭▬ ▭▬ ▬▬ ▭ ▬ ▭ ▬▬ ▭▬ ▬ ▬▭ ▬▬▬ ▭ ▬ ▬▭▬ ▭▬ ▬▬ ▭ ▬ ▭ ▬▬ ▭▬ ▬ ▬▭ ▬▬▬ ▭ ▬ ▬▭▬ ▭▬ ▬▬ ▭ ▬ ▭ ▬▬ ▭▬ ▬ ▬▭ ▬▬▬ ▭ ▬ ▬▭▬ ▭▬ ▬▬ ▭ ▬ ▭ ▬▬ ▭▬ ▬ ▬▭ ▬▬▬ ▭ ▬ ▬▭▬ ▭▬ ▬▬ ▭ ▬ ▭ ▬▬ ▭▬ ▬ ▬▭ ▬▬▬ ▭ ▬ ▬▭▬ ▭▬ ▬▬ ▭ ▬ ▭ ▬▬ ▭▬ ▬ ▬▭ ▬▬▬ ▭ ▬ ▬▭▬ ▭▬ ▬▬ ▭ ▬ ▭ ▬▬ ▭▬ ▬ ▬▭ ▬▬▬ ▭ ▬ ▬▭▬ ▭▬ ▬▬ ▭ ▬ ▭ ▬▬ ▭▬ ▬ ▬▭ ▬▬▬ ▭ ▬ ▬▭▬ ▭▬ ▬▬ ▭ ▬ ▭ ▬▬ ▭▬ ▬ ▬▭ ▬▬▬ ▭ ▬ ▬▭▬ ▭▬ ▬▬ ▭ ▬ ▭ ▬▬ ▭▬ ▬ ▬▭ ▬▬▬ ▭ ▬ ▬▭▬ ▭▬ ▬▬ ▭ ▬ ▭ ▬▬ ▭▬ ▬ ▬▭ ▬▬▬ ▭ ▬ ▬▭▬ ▭▬ ▬▬ ▭ ▬ ▭ ▬▬ ▭▬ ▬ ▬▭ ▬▬▬ ▭ ▬ ▬▭▬ ▭▬ ▬▬ ▭ ▬ ▭ ▬▬ ▭▬ ▬ ▬▭ ▬▬▬ ▭ ▬ ▬▭▬ ▭▬ ▬▬ ▭ ▬ ▭ ▬▬ ▭▬ ▬ ▬▭ ▬▬▬ ▭ ▬ ▬▭▬ ▭▬ ▬▬ ▭ ▬ ▭ ▬▬ ▭▬ ▬ ▬▭ ▬▬▬ ▭ ▬ ▬▭▬ ▭▬ ▬▬ ▭
Paris im Bombenhagel?
▬ ▭ ▬▬ ▭▬ ▬ ▬▭ ▬▬▬ ▭ ▬ ▬▭▬ ▭▬ ▬▬ ▭ ▬ ▭ ▬▬ ▭▬ ▬ ▬▭ ▬▬▬ ▭ ▬ ▬▭▬ ▭▬ ▬▬ ▭ ▬ ▭ ▬▬ ▭▬ ▬ ▬▭ ▬▬▬ ▭ ▬ ▬▭▬ ▭▬ ▬▬ ▭ ▬ ▭ ▬▬ ▭▬ ▬ ▬▭ ▬▬▬ ▭ ▬ ▬▭▬ ▭▬ ▬▬ ▭ ▬ ▭ ▬▬ ▭▬ ▬ ▬▭ ▬▬▬ ▭ ▬ ▬▭▬ ▭▬ ▬▬ ▭ ▬ ▭ ▬▬ ▭▬ ▬ ▬▭ ▬▬▬ ▭ ▬ ▬▭▬ ▭▬ ▬▬ ▭ ▬ ▭ ▬▬ ▭▬ ▬ ▬▭ ▬▬▬ ▭ ▬ ▬▭▬ ▭▬ ▬▬ ▭ ▬ ▭ ▬▬ ▭▬ ▬ ▬▭ ▬▬▬ ▭ ▬ ▬▭▬ ▭▬ ▬▬ ▭ ▬ ▭ ▬▬ ▭▬ ▬ ▬▭ ▬▬▬ ▭ ▬ ▬▭▬ ▭▬ ▬▬ ▭ ▬ ▭ ▬▬ ▭▬ ▬ ▬▭ ▬▬▬ ▭ ▬ ▬▭▬ ▭▬ ▬▬ ▭ ▬ ▭ ▬▬ ▭▬ ▬ ▬▭ ▬▬▬ ▭ ▬ ▬▭▬ ▭▬ ▬▬ ▭ ▬ ▭ ▬▬ ▭▬ ▬ ▬▭ ▬▬▬ ▭ ▬ ▬▭▬ ▭▬ ▬▬ ▭ ▬ ▭ ▬▬ ▭▬ ▬ ▬▭ ▬▬▬ ▭ ▬ ▬▭▬ ▭▬ ▬▬ ▭ ▬ ▭ ▬▬ ▭▬ ▬ ▬▭ ▬▬▬ ▭ ▬ ▬▭▬ ▭▬ ▬▬ ▭ ▬ ▭ ▬▬ ▭▬ ▬ ▬▭ ▬▬▬ ▭ ▬ ▬▭▬ ▭▬ ▬▬ ▭ ▬ ▭ ▬▬ ▭▬ ▬ ▬▭ ▬▬▬ ▭ ▬ ▬▭▬ ▭▬ ▬▬ ▭ ▬ ▭ ▬▬ ▭▬ ▬ ▬▭ ▬▬▬ ▭ ▬ ▬▭▬ ▭▬ ▬▬ ▭ ▬ ▭ ▬▬ ▭▬ ▬ ▬▭ ▬▬▬ ▭ ▬ ▬▭▬ ▭▬ ▬▬ ▭ ▬ ▭ ▬▬ ▭▬ ▬ ▬▭ ▬▬▬ ▭ ▬ ▬▭▬ ▭▬ ▬▬ ▭ ▬ ▭ ▬▬ ▭▬ ▬ ▬▭ ▬▬▬ ▭ ▬ ▬▭▬ ▭▬ ▬▬ ▭ ▬ ▭ ▬▬ ▭▬ ▬ ▬▭ ▬▬▬ ▭ ▬ ▬▭▬ ▭▬ ▬▬ ▭ ▬ ▭ ▬▬ ▭▬ ▬ ▬▭ ▬▬▬ ▭ ▬ ▬▭▬ ▭▬ ▬▬ ▭ ▬ ▭ ▬▬ ▭▬ ▬ ▬▭ ▬▬▬ ▭ ▬ ▬▭▬ ▭▬ ▬▬ ▭ ▬ ▭ ▬▬ ▭▬ ▬ ▬▭ ▬▬▬ ▭ ▬ ▬▭▬ ▭▬ ▬▬ ▭ ▬ ▭ ▬▬ ▭▬ ▬ ▬▭ ▬▬▬ ▭ ▬ ▬▭▬ ▭▬ ▬▬ ▭ ▬ ▭ ▬▬ ▭▬ ▬ ▬▭ ▬▬▬ ▭ ▬ ▬▭▬ ▭▬ ▬▬ ▭ ▬ ▭ ▬▬ ▭▬ ▬ ▬▭ ▬▬▬ ▭ ▬ ▬▭▬ ▭▬ ▬▬ ▭ ▬ ▭ ▬▬ ▭▬ ▬ ▬▭ ▬▬▬ ▭ ▬ ▬▭▬ ▭▬ ▬▬ ▭ ▬ ▭ ▬▬ ▭▬ ▬ ▬▭ ▬▬▬ ▭ ▬ ▬▭▬ ▭▬ ▬▬ ▭ ▬ ▭ ▬▬ ▭▬ ▬ ▬▭ ▬▬▬ ▭ ▬ ▬▭▬ ▭▬ ▬▬ ▭ ▬ ▭ ▬▬ ▭▬ ▬ ▬▭ ▬▬▬ ▭ ▬ ▬▭▬ ▭▬ ▬▬ ▭ ▬ ▭ ▬▬ ▭▬ ▬ ▬▭ ▬▬▬ ▭ ▬ ▬▭▬ ▭▬ ▬▬ ▭ ▬ ▭ ▬▬ ▭▬ ▬ ▬▭ ▬▬▬ ▭ ▬ ▬▭▬ ▭▬ ▬▬ ▭ ▬ ▭ ▬▬ ▭▬ ▬ ▬▭ ▬▬▬ ▭ ▬ ▬▭▬ ▭▬ ▬▬ ▭ ▬ ▭ ▬▬ ▭▬ ▬ ▬▭ ▬▬▬ ▭ ▬ ▬▭▬ ▭▬ ▬▬ ▭ ▬ ▭ ▬▬ ▭▬ ▬ ▬▭ ▬▬▬ ▭ ▬ ▬▭▬ ▭▬ ▬▬ ▭ ▬ ▭ ▬▬ ▭▬ ▬ ▬▭ ▬▬▬ ▭ ▬ ▬▭▬ ▭▬ ▬▬ ▭ ▬ ▭ ▬▬ ▭▬ ▬ ▬▭ ▬▬▬ ▭ ▬ ▬▭▬ ▭▬ ▬▬ ▭ ▬ ▭ ▬▬ ▭▬ ▬ ▬▭ ▬▬▬ ▭ ▬ ▬▭▬ ▭▬ ▬▬ ▭ ▬ ▭ ▬▬ ▭▬ ▬ ▬▭ ▬▬▬ ▭ ▬ ▬▭▬ ▭▬ ▬▬ ▭ ▬ ▭ ▬▬ ▭▬ ▬ ▬▭ ▬▬▬ ▭ ▬ ▬▭▬ ▭▬ ▬▬ ▭ ▬ ▭ ▬▬ ▭▬ ▬ ▬▭ ▬▬▬ ▭ ▬ ▬▭▬ ▭▬ ▬▬ ▭
Schrecken wegen des Sieges.
▬ ▭ ▬▬ ▭▬ ▬ ▬▭ ▬▬▬ ▭ ▬ ▬▭▬ ▭▬ ▬▬ ▭ ▬ ▭ ▬▬ ▭▬ ▬ ▬▭ ▬▬▬ ▭ ▬ ▬▭▬ ▭▬ ▬▬ ▭ ▬ ▭ ▬▬ ▭▬ ▬ ▬▭ ▬▬▬ ▭ ▬ ▬▭▬ ▭▬ ▬▬ ▭ ▬ ▭ ▬▬ ▭▬ ▬ ▬▭ ▬▬▬ ▭ ▬ ▬▭▬ ▭▬ ▬▬ ▭ ▬ ▭ ▬▬ ▭▬ ▬ ▬▭ ▬▬▬ ▭ ▬ ▬▭▬ ▭▬ ▬▬ ▭ ▬ ▭ ▬▬ ▭▬ ▬ ▬▭ ▬▬▬ ▭ ▬ ▬▭▬ ▭▬ ▬▬ ▭ ▬ ▭ ▬▬ ▭▬ ▬ ▬▭ ▬▬▬ ▭ ▬ ▬▭▬ ▭▬ ▬▬ ▭ ▬ ▭ ▬▬ ▭▬ ▬ ▬▭ ▬▬▬ ▭ ▬ ▬▭▬ ▭▬ ▬▬ ▭ ▬ ▭ ▬▬ ▭▬ ▬ ▬▭ ▬▬▬ ▭ ▬ ▬▭▬ ▭▬ ▬▬ ▭ ▬ ▭ ▬▬ ▭▬ ▬ ▬▭ ▬▬▬ ▭ ▬ ▬▭▬ ▭▬ ▬▬ ▭ ▬ ▭ ▬▬ ▭▬ ▬ ▬▭ ▬▬▬ ▭ ▬ ▬▭▬ ▭▬ ▬▬ ▭ ▬ ▭ ▬▬ ▭▬ ▬ ▬▭ ▬▬▬ ▭ ▬ ▬▭▬ ▭▬ ▬▬ ▭ ▬ ▭ ▬▬ ▭▬ ▬ ▬▭ ▬▬▬ ▭ ▬ ▬▭▬ ▭▬ ▬▬ ▭ ▬ ▭ ▬▬ ▭▬ ▬ ▬▭ ▬▬▬ ▭ ▬ ▬▭▬ ▭▬ ▬▬ ▭ ▬ ▭ ▬▬ ▭▬ ▬ ▬▭ ▬▬▬ ▭ ▬ ▬▭▬ ▭▬ ▬▬ ▭ ▬ ▭ ▬▬ ▭▬ ▬ ▬▭ ▬▬▬ ▭ ▬ ▬▭▬ ▭▬ ▬▬ ▭ ▬ ▭ ▬▬ ▭▬ ▬ ▬▭ ▬▬▬ ▭ ▬ ▬▭▬ ▭▬ ▬▬ ▭ ▬ ▭ ▬▬ ▭▬ ▬ ▬▭ ▬▬▬ ▭ ▬ ▬▭▬ ▭▬ ▬▬ ▭ ▬ ▭ ▬▬ ▭▬ ▬ ▬▭ ▬▬▬ ▭ ▬ ▬▭▬ ▭▬ ▬▬ ▭ ▬ ▭ ▬▬ ▭▬ ▬ ▬▭ ▬▬▬ ▭ ▬ ▬▭▬ ▭▬ ▬▬ ▭ ▬ ▭ ▬▬ ▭▬ ▬ ▬▭ ▬▬▬ ▭ ▬ ▬▭▬ ▭▬ ▬▬ ▭ ▬ ▭ ▬▬ ▭▬ ▬ ▬▭ ▬▬▬ ▭ ▬ ▬▭▬ ▭▬ ▬▬ ▭ ▬ ▭ ▬▬ ▭▬ ▬ ▬▭ ▬▬▬ ▭ ▬ ▬▭▬ ▭▬ ▬▬ ▭ ▬ ▭ ▬▬ ▭▬ ▬ ▬▭ ▬▬▬ ▭ ▬ ▬▭▬ ▭▬ ▬▬ ▭ ▬ ▭ ▬▬ ▭▬ ▬ ▬▭ ▬▬▬ ▭ ▬ ▬▭▬ ▭▬ ▬▬ ▭ ▬ ▭ ▬▬ ▭▬ ▬ ▬▭ ▬▬▬ ▭ ▬ ▬▭▬ ▭▬ ▬▬ ▭ ▬ ▭ ▬▬ ▭▬ ▬ ▬▭ ▬▬▬ ▭ ▬ ▬▭▬ ▭▬ ▬▬ ▭
18000 Tonnen versenkt.
▬ ▭ ▬▬ ▭▬ ▬ ▬▭ ▬▬▬ ▭ ▬ ▬▭▬ ▭▬ ▬▬ ▭ ▬ ▭ ▬▬ ▭▬ ▬ ▬▭ ▬▬▬ ▭ ▬ ▬▭▬ ▭▬ ▬▬ ▭ ▬ ▭ ▬▬ ▭▬ ▬ ▬▭ ▬▬▬ ▭ ▬ ▬▭▬ ▭▬ ▬▬ ▭ ▬ ▭ ▬▬ ▭▬ ▬ ▬▭ ▬▬▬ ▭ ▬ ▬▭▬ ▭▬ ▬▬ ▭ ▬ ▭ ▬▬ ▭▬ ▬ ▬▭ ▬▬▬ ▭ ▬ ▬▭▬ ▭▬ ▬▬ ▭ ▬ ▭ ▬▬ ▭▬ ▬ ▬▭ ▬▬▬ ▭ ▬ ▬▭▬ ▭▬ ▬▬ ▭ ▬ ▭ ▬▬ ▭▬ ▬ ▬▭ ▬▬▬ ▭ ▬ ▬▭▬ ▭▬ ▬▬ ▭ ▬ ▭ ▬▬ ▭▬ ▬ ▬▭ ▬▬▬ ▭ ▬ ▬▭▬ ▭▬ ▬▬ ▭ ▬ ▭ ▬▬ ▭▬ ▬ ▬▭ ▬▬▬ ▭ ▬ ▬▭▬ ▭▬ ▬▬ ▭ ▬ ▭ ▬▬ ▭▬ ▬ ▬▭ ▬▬▬ ▭ ▬ ▬▭▬ ▭▬ ▬▬ ▭ ▬ ▭ ▬▬ ▭▬ ▬ ▬▭ ▬▬▬ ▭ ▬ ▬▭▬ ▭▬ ▬▬ ▭ ▬ ▭ ▬▬ ▭▬ ▬ ▬▭ ▬▬▬ ▭ ▬ ▬▭▬ ▭▬ ▬▬ ▭ ▬ ▭ ▬▬ ▭▬ ▬ ▬▭ ▬▬▬ ▭ ▬ ▬▭▬ ▭▬ ▬▬ ▭ ▬ ▭ ▬▬ ▭▬ ▬ ▬▭ ▬▬▬ ▭ ▬ ▬▭▬ ▭▬ ▬▬ ▭ ▬ ▭ ▬▬ ▭▬ ▬ ▬▭ ▬▬▬ ▭ ▬ ▬▭▬ ▭▬ ▬▬ ▭ ▬ ▭ ▬▬ ▭▬ ▬ ▬▭ ▬▬▬ ▭ ▬ ▬▭▬ ▭▬ ▬▬ ▭ ▬ ▭ ▬▬ ▭▬ ▬ ▬▭ ▬▬▬ ▭ ▬ ▬▭▬ ▭▬ ▬▬ ▭ ▬ ▭ ▬▬ ▭▬ ▬ ▬▭ ▬▬▬ ▭ ▬ ▬▭▬ ▭▬ ▬▬ ▭
Die Verhandlungen mit Rumänien.
Neue Gewichtsverschiebungen. Erfolge
▬ ▭ ▬▬ ▭▬ ▬ ▬▭ ▬▬▬ ▭ ▬ ▬▭▬ ▭▬ ▬▬ ▭ ▬ ▭ ▬▬ ▭▬ ▬ ▬▭ ▬▬▬ ▭ ▬ ▬▭▬ ▭▬ ▬▬ ▭ ▬ ▭ ▬▬ ▭▬ ▬ ▬▭ ▬▬▬ ▭ ▬ ▬▭▬ ▭▬ ▬▬ ▭ ▬ ▭ ▬▬ ▭▬ ▬ ▬▭ ▬▬▬ ▭ ▬ ▬▭▬ ▭▬ ▬▬ ▭ ▬ ▭ ▬▬ ▭▬ ▬ ▬▭ ▬▬▬ ▭ ▬ ▬▭▬ ▭▬ ▬▬ ▭ ▬ ▭ ▬▬ ▭▬ ▬ ▬▭ ▬▬▬ ▭ ▬ ▬▭▬ ▭▬ ▬▬ ▭ ▬ ▭ ▬▬ ▭▬ ▬ ▬▭ ▬▬▬ ▭ ▬ ▬▭▬ ▭▬ ▬▬ ▭ ▬ ▭ ▬▬ ▭▬ ▬ ▬▭ ▬▬▬ ▭ ▬ ▬▭▬ ▭▬ ▬▬ ▭ ▬ ▭ ▬▬ ▭▬ ▬ ▬▭ ▬▬▬ ▭ ▬ ▬▭▬ ▭▬ ▬▬ ▭ ▬ ▭ ▬▬ ▭▬ ▬ ▬▭ ▬▬▬ ▭ ▬ ▬▭▬ ▭▬ ▬▬ ▭ ▬ ▭ ▬▬ ▭▬ ▬ ▬▭ ▬▬▬ ▭ ▬ ▬▭▬ ▭▬ ▬▬ ▭ ▬ ▭ ▬▬ ▭▬ ▬ ▬▭ ▬▬▬ ▭ ▬ ▬▭▬ ▭▬ ▬▬ ▭ ▬ ▭ ▬▬ ▭▬ ▬ ▬▭ ▬▬▬ ▭ ▬ ▬▭▬ ▭▬ ▬▬ ▭ ▬ ▭ ▬▬ ▭▬ ▬ ▬▭ ▬▬▬ ▭ ▬ ▬▭▬ ▭▬ ▬▬ ▭ ▬ ▭ ▬▬ ▭▬ ▬ ▬▭ ▬▬▬ ▭ ▬ ▬▭▬ ▭▬ ▬▬ ▭ ▬ ▭ ▬▬ ▭▬ ▬ ▬▭ ▬▬▬ ▭ ▬ ▬▭▬ ▭▬ ▬▬ ▭ ▬ ▭ ▬▬ ▭▬ ▬ ▬▭ ▬▬▬ ▭ ▬ ▬▭▬ ▭▬ ▬▬ ▭ ▬ ▭ ▬▬ ▭▬ ▬ ▬▭ ▬▬▬ ▭ ▬ ▬▭▬ ▭▬ ▬▬ ▭ ▬ ▭ ▬▬ ▭▬ ▬ ▬▭ ▬▬▬ ▭ ▬ ▬▭▬ ▭▬ ▬▬ ▭ ▬ ▭ ▬▬ ▭▬ ▬ ▬▭ ▬▬▬ ▭ ▬ ▬▭▬ ▭▬ ▬▬ ▭ ▬ ▭ ▬▬ ▭▬ ▬ ▬▭ ▬▬▬ ▭ ▬ ▬▭▬ ▭▬ ▬▬ ▭ ▬ ▭ ▬▬ ▭▬ ▬ ▬▭ ▬▬▬ ▭ ▬ ▬▭▬ ▭▬ ▬▬ ▭ ▬ ▭ ▬▬ ▭▬ ▬ ▬▭ ▬▬▬ ▭ ▬ ▬▭▬ ▭▬ ▬▬ ▭ ▬ ▭ ▬▬ ▭▬ ▬ ▬▭ ▬▬▬ ▭ ▬ ▬▭▬ ▭▬ ▬▬ ▭ ▬ ▭ ▬▬ ▭▬ ▬ ▬▭ ▬▬▬ ▭ ▬ ▬▭▬ ▭▬ ▬▬ ▭ ▬ ▭ ▬▬ ▭▬ ▬ ▬▭ ▬▬▬ ▭ ▬ ▬▭▬ ▭▬ ▬▬ ▭ ▬ ▭ ▬▬ ▭▬ ▬ ▬▭ ▬▬▬ ▭ ▬ ▬▭▬ ▭▬ ▬▬ ▭ ▬ ▭ ▬▬ ▭▬ ▬ ▬▭ ▬▬▬ ▭ ▬ ▬▭▬ ▭▬ ▬▬ ▭ ▬ ▭ ▬▬ ▭▬ ▬ ▬▭ ▬▬▬ ▭ ▬ ▬▭▬ ▭▬ ▬▬ ▭ ▬ ▭ ▬▬ ▭▬ ▬ ▬▭ ▬▬▬ ▭ ▬ ▬▭▬ ▭▬ ▬▬ ▭
Kriegsabteil.
▬ ▭ ▬▬ ▭▬ ▬ ▬▭ ▬▬▬ ▭ ▬ ▬▭▬ ▭▬ ▬▬ ▭ ▬ ▭ ▬▬ ▭▬ ▬ ▬▭ ▬▬▬ ▭ ▬ ▬▭▬ ▭▬ ▬▬ ▭ ▬ ▭ ▬▬ ▭▬ ▬ ▬▭ ▬▬▬ ▭ ▬ ▬▭▬ ▭▬ ▬▬ ▭ ▬ ▭ ▬▬ ▭▬ ▬ ▬▭ ▬▬▬ ▭ ▬ ▬▭▬ ▭▬ ▬▬ ▭ ▬ ▭ ▬▬ ▭▬ ▬ ▬▭ ▬▬▬ ▭ ▬ ▬▭▬ ▭▬ ▬▬ ▭ ▬ ▭ ▬▬ ▭▬ ▬ ▬▭ ▬▬▬ ▭ ▬ ▬▭▬ ▭▬ ▬▬ ▭ ▬ ▭ ▬▬ ▭▬ ▬ ▬▭ ▬▬▬ ▭ ▬ ▬▭▬ ▭▬ ▬▬ ▭ ▬ ▭ ▬▬ ▭▬ ▬ ▬▭ ▬▬▬ ▭ ▬ ▬▭▬ ▭▬ ▬▬ ▭ ▬ ▭ ▬▬ ▭▬ ▬ ▬▭ ▬▬▬ ▭ ▬ ▬▭▬ ▭▬ ▬▬ ▭ ▬ ▭ ▬▬ ▭▬ ▬ ▬▭ ▬▬▬ ▭ ▬ ▬▭▬ ▭▬ ▬▬ ▭ ▬ ▭ ▬▬ ▭▬ ▬ ▬▭ ▬▬▬ ▭ ▬ ▬▭▬ ▭▬ ▬▬ ▭ ▬ ▭ ▬▬ ▭▬ ▬ ▬▭ ▬▬▬ ▭ ▬ ▬▭▬ ▭▬ ▬▬ ▭
Wochenmarkt
zum 8. Kriegsanleihe
▬ ▭ ▬▬ ▭▬ ▬ ▬▭ ▬▬▬ ▭ ▬ ▬▭▬ ▭▬ ▬▬ ▭ ▬ ▭ ▬▬ ▭▬ ▬ ▬▭ ▬▬▬ ▭ ▬ ▬▭▬ ▭▬ ▬▬ ▭ ▬ ▭ ▬▬ ▭▬ ▬ ▬▭ ▬▬▬ ▭ ▬ ▬▭▬ ▭▬ ▬▬ ▭ ▬ ▭ ▬▬ ▭▬ ▬ ▬▭ ▬▬▬ ▭ ▬ ▬▭▬ ▭▬ ▬▬ ▭ ▬ ▭ ▬▬ ▭▬ ▬ ▬▭ ▬▬▬ ▭ ▬ ▬▭▬ ▭▬ ▬▬ ▭ ▬ ▭ ▬▬ ▭▬ ▬ ▬▭ ▬▬▬ ▭ ▬ ▬▭▬ ▭▬ ▬▬ ▭ ▬ ▭ ▬▬ ▭▬ ▬ ▬▭ ▬▬▬ ▭ ▬ ▬▭▬ ▭▬ ▬▬ ▭ ▬ ▭ ▬▬ ▭▬ ▬ ▬▭ ▬▬▬ ▭ ▬ ▬▭▬ ▭▬ ▬▬ ▭ ▬ ▭ ▬▬ ▭▬ ▬ ▬▭ ▬▬▬ ▭ ▬ ▬▭▬ ▭▬ ▬▬ ▭ ▬ ▭ ▬▬ ▭▬ ▬ ▬▭ ▬▬▬ ▭ ▬ ▬▭▬ ▭▬ ▬▬ ▭ ▬ ▭ ▬▬ ▭▬ ▬ ▬▭ ▬▬▬ ▭ ▬ ▬▭▬ ▭▬ ▬▬ ▭ ▬ ▭ ▬▬ ▭▬ ▬ ▬▭ ▬▬▬ ▭ ▬ ▬▭▬ ▭▬ ▬▬ ▭ ▬ ▭ ▬▬ ▭▬ ▬ ▬▭ ▬▬▬ ▭ ▬ ▬▭▬ ▭▬ ▬▬ ▭ ▬ ▭ ▬▬ ▭▬ ▬ ▬▭ ▬▬▬ ▭ ▬ ▬▭▬ ▭▬ ▬▬ ▭ ▬ ▭ ▬▬ ▭▬ ▬ ▬▭ ▬▬▬ ▭ ▬ ▬▭▬ ▭▬ ▬▬ ▭
Unser 10. Millionen Anleihe-Ergebnis.
▬ ▭ ▬▬ ▭▬ ▬ ▬▭ ▬▬▬ ▭ ▬ ▬▭▬ ▭▬ ▬▬ ▭ ▬ ▭ ▬▬ ▭▬ ▬ ▬▭ ▬▬▬ ▭ ▬ ▬▭▬ ▭▬ ▬▬ ▭ ▬ ▭ ▬▬ ▭▬ ▬ ▬▭ ▬▬▬ ▭ ▬ ▬▭▬ ▭▬ ▬▬ ▭ ▬ ▭ ▬▬ ▭▬ ▬ ▬▭ ▬▬▬ ▭ ▬ ▬▭▬ ▭▬ ▬▬ ▭ ▬ ▭ ▬▬ ▭▬ ▬ ▬▭ ▬▬▬ ▭ ▬ ▬▭▬ ▭▬ ▬▬ ▭ ▬ ▭ ▬▬ ▭▬ ▬ ▬▭ ▬▬▬ ▭ ▬ ▬▭▬ ▭▬ ▬▬ ▭ ▬ ▭ ▬▬ ▭▬ ▬ ▬▭ ▬▬▬ ▭ ▬ ▬▭▬ ▭▬ ▬▬ ▭ ▬ ▭ ▬▬ ▭▬ ▬ ▬▭ ▬▬▬ ▭ ▬ ▬▭▬ ▭▬ ▬▬ ▭ ▬ ▭ ▬▬ ▭▬ ▬ ▬▭ ▬▬▬ ▭ ▬ ▬▭▬ ▭▬ ▬▬ ▭ ▬ ▭ ▬▬ ▭▬ ▬ ▬▭ ▬▬▬ ▭ ▬ ▬▭▬ ▭▬ ▬▬ ▭ ▬ ▭ ▬▬ ▭▬ ▬ ▬▭ ▬▬▬ ▭ ▬ ▬▭▬ ▭▬ ▬▬ ▭ ▬ ▭ ▬▬ ▭▬ ▬ ▬▭ ▬▬▬ ▭ ▬ ▬▭▬ ▭▬ ▬▬ ▭ ▬ ▭ ▬▬ ▭▬ ▬ ▬▭ ▬▬▬ ▭ ▬ ▬▭▬ ▭▬ ▬▬ ▭ ▬ ▭ ▬▬ ▭▬ ▬ ▬▭ ▬▬▬ ▭ ▬ ▬▭▬ ▭▬ ▬▬ ▭ ▬ ▭ ▬▬ ▭▬ ▬ ▬▭ ▬▬▬ ▭ ▬ ▬▭▬ ▭▬ ▬▬ ▭
4617 Schiffe 1917 versenkt.
▬ ▭ ▬▬ ▭▬ ▬ ▬▭ ▬▬▬ ▭ ▬ ▬▭▬ ▭▬ ▬▬ ▭ ▬ ▭ ▬▬ ▭▬ ▬ ▬▭ ▬▬▬ ▭ ▬ ▬▭▬ ▭▬ ▬▬ ▭ ▬ ▭ ▬▬ ▭▬ ▬ ▬▭ ▬▬▬ ▭ ▬ ▬▭▬ ▭▬ ▬▬ ▭ ▬ ▭ ▬▬ ▭▬ ▬ ▬▭ ▬▬▬ ▭ ▬ ▬▭▬ ▭▬ ▬▬ ▭ ▬ ▭ ▬▬ ▭▬ ▬ ▬▭ ▬▬▬ ▭ ▬ ▬▭▬ ▭▬ ▬▬ ▭ ▬ ▭ ▬▬ ▭▬ ▬ ▬▭ ▬▬▬ ▭ ▬ ▬▭▬ ▭▬ ▬▬ ▭ ▬ ▭ ▬▬ ▭▬ ▬ ▬▭ ▬▬▬ ▭ ▬ ▬▭▬ ▭▬ ▬▬ ▭ ▬ ▭ ▬▬ ▭▬ ▬ ▬▭ ▬▬▬ ▭ ▬ ▬▭▬ ▭▬ ▬▬ ▭ ▬ ▭ ▬▬ ▭▬ ▬ ▬▭ ▬▬▬ ▭ ▬ ▬▭▬ ▭▬ ▬▬ ▭ ▬ ▭ ▬▬ ▭▬ ▬ ▬▭ ▬▬▬ ▭ ▬ ▬▭▬ ▭▬ ▬▬ ▭ ▬ ▭ ▬▬ ▭▬ ▬ ▬▭ ▬▬▬ ▭ ▬ ▬▭▬ ▭▬ ▬▬ ▭ ▬ ▭ ▬▬ ▭▬ ▬ ▬▭ ▬▬▬ ▭ ▬ ▬▭▬ ▭▬ ▬▬ ▭ ▬ ▭ ▬▬ ▭▬ ▬ ▬▭ ▬▬▬ ▭ ▬ ▬▭▬ ▭▬ ▬▬ ▭ ▬ ▭ ▬▬ ▭▬ ▬ ▬▭ ▬▬▬ ▭ ▬ ▬▭▬ ▭▬ ▬▬ ▭ ▬ ▭ ▬▬ ▭▬ ▬ ▬▭ ▬▬▬ ▭ ▬ ▬▭▬ ▭▬ ▬▬ ▭ ▬ ▭ ▬▬ ▭▬ ▬ ▬▭ ▬▬▬ ▭ ▬ ▬▭▬ ▭▬ ▬▬ ▭ ▬ ▭ ▬▬ ▭▬ ▬ ▬▭ ▬▬▬ ▭ ▬ ▬▭▬ ▭▬ ▬▬ ▭ ▬ ▭ ▬▬ ▭▬ ▬ ▬▭ ▬▬▬ ▭ ▬ ▬▭▬ ▭▬ ▬▬ ▭ ▬ ▭ ▬▬ ▭▬ ▬ ▬▭ ▬▬▬ ▭ ▬ ▬▭▬ ▭▬ ▬▬ ▭ ▬ ▭ ▬▬ ▭▬ ▬ ▬▭ ▬▬▬ ▭ ▬ ▬▭▬ ▭▬ ▬▬ ▭ ▬ ▭ ▬▬ ▭▬ ▬ ▬▭ ▬▬▬ ▭ ▬ ▬▭▬ ▭▬ ▬▬ ▭ ▬ ▭ ▬▬ ▭▬ ▬ ▬▭ ▬▬▬ ▭ ▬ ▬▭▬ ▭▬ ▬▬ ▭ ▬ ▭ ▬▬ ▭▬ ▬ ▬▭ ▬▬▬ ▭ ▬ ▬▭▬ ▭▬ ▬▬ ▭ ▬ ▭ ▬▬ ▭▬ ▬ ▬▭ ▬▬▬ ▭ ▬ ▬▭▬ ▭▬ ▬▬ ▭ ▬ ▭ ▬▬ ▭▬ ▬ ▬▭ ▬▬▬ ▭ ▬ ▬▭▬ ▭▬ ▬▬ ▭ ▬ ▭ ▬▬ ▭▬ ▬ ▬▭ ▬▬▬ ▭ ▬ ▬▭▬ ▭▬ ▬▬ ▭ ▬ ▭ ▬▬ ▭▬ ▬ ▬▭ ▬▬▬ ▭ ▬ ▬▭▬ ▭▬ ▬▬ ▭ ▬ ▭ ▬▬ ▭▬ ▬ ▬▭ ▬▬▬ ▭ ▬ ▬▭▬ ▭▬ ▬▬ ▭ ▬ ▭ ▬▬ ▭▬ ▬ ▬▭ ▬▬▬ ▭ ▬ ▬▭▬ ▭▬ ▬▬ ▭ ▬ ▭ ▬▬ ▭▬ ▬ ▬▭ ▬▬▬ ▭ ▬ ▬▭▬ ▭▬ ▬▬ ▭ ▬ ▭ ▬▬ ▭▬ ▬ ▬▭ ▬▬▬ ▭ ▬ ▬▭▬ ▭▬ ▬▬ ▭ ▬ ▭ ▬▬ ▭▬ ▬ ▬▭ ▬▬▬ ▭ ▬ ▬▭▬ ▭▬ ▬▬ ▭ ▬ ▭ ▬▬ ▭▬ ▬ ▬▭ ▬▬▬ ▭ ▬ ▬▭▬ ▭▬ ▬▬ ▭ ▬ ▭ ▬▬ ▭▬ ▬ ▬▭ ▬▬▬ ▭ ▬ ▬▭▬ ▭▬ ▬▬ ▭ ▬ ▭ ▬▬ ▭▬ ▬ ▬▭ ▬▬▬ ▭ ▬ ▬▭▬ ▭▬ ▬▬ ▭ ▬ ▭ ▬▬ ▭▬ ▬ ▬▭ ▬▬▬ ▭ ▬ ▬▭▬ ▭▬ ▬▬ ▭ ▬ ▭ ▬▬ ▭▬ ▬ ▬▭ ▬▬▬ ▭ ▬ ▬▭▬ ▭▬ ▬▬ ▭ ▬ ▭ ▬▬ ▭▬ ▬ ▬▭ ▬▬▬ ▭ ▬ ▬▭▬ ▭▬ ▬▬ ▭ ▬ ▭ ▬▬ ▭▬ ▬ ▬▭ ▬▬▬ ▭ ▬ ▬▭▬ ▭▬ ▬▬ ▭ ▬ ▭ ▬▬ ▭▬ ▬ ▬▭ ▬▬▬ ▭ ▬ ▬▭▬ ▭▬ ▬▬ ▭ ▬ ▭ ▬▬ ▭▬ ▬ ▬▭ ▬▬▬ ▭ ▬ ▬▭▬ ▭▬ ▬▬ ▭ ▬ ▭ ▬▬ ▭▬ ▬ ▬▭ ▬▬▬ ▭ ▬ ▬▭▬ ▭▬ ▬▬ ▭ ▬ ▭ ▬▬ ▭▬ ▬ ▬▭ ▬▬▬ ▭ ▬ ▬▭▬ ▭▬ ▬▬ ▭ ▬ ▭ ▬▬ ▭▬ ▬ ▬▭ ▬▬▬ ▭ ▬ ▬▭▬ ▭▬ ▬▬ ▭ ▬ ▭ ▬▬ ▭▬ ▬ ▬▭ ▬▬▬ ▭ ▬ ▬▭▬ ▭▬ ▬▬ ▭ ▬ ▭ ▬▬ ▭▬ ▬ ▬▭ ▬▬▬ ▭ ▬ ▬▭▬ ▭▬ ▬▬ ▭ ▬ ▭ ▬▬ ▭▬ ▬ ▬▭ ▬▬▬ ▭ ▬ ▬▭▬ ▭▬ ▬▬ ▭ ▬ ▭ ▬▬ ▭▬ ▬ ▬▭ ▬▬▬ ▭ ▬ ▬▭▬ ▭▬ ▬▬ ▭ ▬ ▭ ▬▬ ▭▬ ▬ ▬▭ ▬▬▬ ▭ ▬ ▬▭▬ ▭▬ ▬▬ ▭ ▬ ▭ ▬▬ ▭▬ ▬ ▬▭ ▬▬▬ ▭ ▬ ▬▭▬ ▭▬ ▬▬ ▭ ▬ ▭ ▬▬ ▭▬ ▬ ▬▭ ▬▬▬ ▭ ▬ ▬▭▬ ▭▬ ▬▬ ▭ ▬ ▭ ▬▬ ▭▬ ▬ ▬▭ ▬▬▬ ▭ ▬ ▬▭▬ ▭▬ ▬▬ ▭ ▬ ▭ ▬▬ ▭▬ ▬ ▬▭ ▬▬▬ ▭ ▬ ▬▭▬ ▭▬ ▬▬ ▭ ▬ ▭ ▬▬ ▭▬ ▬ ▬▭ ▬▬▬ ▭ ▬ ▬▭▬ ▭▬ ▬▬ ▭ ▬ ▭ ▬▬ ▭▬ ▬ ▬▭ ▬▬▬ ▭ ▬ ▬▭▬ ▭▬ ▬▬ ▭ ▬ ▭ ▬▬ ▭▬ ▬ ▬▭ ▬▬▬ ▭ ▬ ▬▭▬ ▭▬ ▬▬ ▭ ▬ ▭ ▬▬ ▭▬ ▬ ▬▭ ▬▬▬ ▭ ▬ ▬▭▬ ▭▬ ▬▬ ▭ ▬ ▭ ▬▬ ▭▬ ▬ ▬▭ ▬▬▬ ▭ ▬ ▬▭▬ ▭▬ ▬▬ ▭ ▬ ▭ ▬▬ ▭▬ ▬ ▬▭ ▬▬▬ ▭ ▬ ▬▭▬ ▭▬ ▬▬ ▭ ▬ ▭ ▬▬ ▭▬ ▬ ▬▭ ▬▬▬ ▭ ▬ ▬▭▬ ▭▬ ▬▬ ▭ ▬ ▭ ▬▬ ▭▬ ▬ ▬▭ ▬▬▬ ▭ ▬ ▬▭▬ ▭▬ ▬▬ ▭ ▬ ▭ ▬▬ ▭▬ ▬ ▬▭ ▬▬▬ ▭ ▬ ▬▭▬ ▭▬ ▬▬ ▭ ▬ ▭ ▬▬ ▭▬ ▬ ▬▭ ▬▬▬ ▭ ▬ ▬▭▬ ▭▬ ▬▬ ▭ ▬ ▭ ▬▬ ▭▬ ▬ ▬▭ ▬▬▬ ▭ ▬ ▬▭▬ ▭▬ ▬▬ ▭ ▬ ▭ ▬▬ ▭▬ ▬ ▬▭ ▬▬▬ ▭ ▬ ▬▭▬ ▭▬ ▬▬ ▭ ▬ ▭ ▬▬ ▭▬ ▬ ▬▭ ▬▬▬ ▭ ▬ ▬▭▬ ▭▬ ▬▬ ▭ ▬ ▭ ▬▬ ▭▬ ▬ ▬▭ ▬▬▬ ▭ ▬ ▬▭▬ ▭▬ ▬▬ ▭ ▬ ▭ ▬▬ ▭▬ ▬ ▬▭ ▬▬▬ ▭ ▬ ▬▭▬ ▭▬ ▬▬ ▭ ▬ ▭ ▬▬ ▭▬ ▬ ▬▭ ▬▬▬ ▭ ▬ ▬▭▬ ▭▬ ▬▬ ▭ ▬ ▭ ▬▬ ▭▬ ▬ ▬▭ ▬▬▬ ▭ ▬ ▬▭▬ ▭▬ ▬▬ ▭ ▬ ▭ ▬▬ ▭▬ ▬ ▬▭ ▬▬▬ ▭ ▬ ▬▭▬ ▭▬ ▬▬ ▭ ▬ ▭ ▬▬ ▭▬ ▬ ▬▭ ▬▬▬ ▭ ▬ ▬▭▬ ▭▬ ▬▬ ▭ ▬ ▭ ▬▬ ▭▬ ▬ ▬▭ ▬▬▬ ▭ ▬ ▬▭▬ ▭▬ ▬▬ ▭ ▬ ▭ ▬▬ ▭▬ ▬ ▬▭ ▬▬▬ ▭ ▬ ▬▭▬ ▭▬ ▬▬ ▭ ▬ ▭ ▬▬ ▭▬ ▬ ▬▭ ▬▬▬ ▭ ▬ ▬▭▬ ▭▬ ▬▬ ▭ ▬ ▭ ▬▬ ▭▬ ▬ ▬▭ ▬▬▬ ▭ ▬ ▬▭▬ ▭▬ ▬▬ ▭ ▬ ▭ ▬▬ ▭▬ ▬ ▬▭ ▬▬▬ ▭ ▬ ▬▭▬ ▭▬ ▬▬ ▭ ▬ ▭ ▬▬ ▭▬ ▬ ▬▭ ▬▬▬ ▭ ▬ ▬▭▬ ▭▬ ▬▬ ▭ ▬ ▭ ▬▬ ▭▬ ▬ ▬▭ ▬▬▬ ▭ ▬ ▬▭▬ ▭▬ ▬▬ ▭ ▬ ▭ ▬▬ ▭▬ ▬ ▬▭ ▬▬▬ ▭ ▬ ▬▭▬ ▭▬ ▬▬ ▭ ▬ ▭ ▬▬ ▭▬ ▬ ▬▭ ▬▬▬ ▭ ▬ ▬▭▬ ▭▬ ▬▬ ▭ ▬ ▭ ▬▬ ▭▬ ▬ ▬▭ ▬▬▬ ▭ ▬ ▬▭▬ ▭▬ ▬▬ ▭ ▬ ▭ ▬▬ ▭▬ ▬ ▬▭ ▬▬▬ ▭ ▬ ▬▭▬ ▭▬ ▬▬ ▭ ▬ ▭ ▬▬ ▭▬ ▬ ▬▭ ▬▬▬ ▭ ▬ ▬▭▬ ▭▬ ▬▬ ▭ ▬ ▭ ▬▬ ▭▬ ▬ ▬▭ ▬▬▬ ▭ ▬ ▬▭▬ ▭▬ ▬▬ ▭ ▬ ▭ ▬▬ ▭▬ ▬ ▬▭ ▬▬▬ ▭ ▬ ▬▭▬ ▭▬ ▬▬ ▭ ▬ ▭ ▬▬ ▭▬ ▬ ▬▭ ▬▬▬ ▭ ▬ ▬▭▬ ▭▬ ▬▬ ▭ ▬ ▭ ▬▬ ▭▬ ▬ ▬▭ ▬▬▬ ▭ ▬ ▬▭▬ ▭▬ ▬▬ ▭ ▬ ▭ ▬▬ ▭▬ ▬ ▬▭ ▬▬▬ ▭ ▬ ▬▭▬ ▭▬ ▬▬ ▭ ▬ ▭ ▬▬ ▭▬ ▬ ▬▭ ▬▬▬ ▭ ▬ ▬▭▬ ▭▬ ▬▬ ▭ ▬ ▭ ▬▬ ▭▬ ▬ ▬▭ ▬▬▬ ▭ ▬ ▬▭▬ ▭▬ ▬▬ ▭ ▬ ▭ ▬▬ ▭▬ ▬ ▬▭ ▬▬▬ ▭ ▬ ▬▭▬ ▭▬ ▬▬ ▭ ▬ ▭ ▬▬ ▭▬ ▬ ▬▭ ▬▬▬ ▭ ▬ ▬▭▬ ▭▬ ▬▬ ▭ ▬ ▭ ▬▬ ▭▬ ▬ ▬▭ ▬▬▬ ▭ ▬ ▬▭▬ ▭▬ ▬▬ ▭ ▬ ▭ ▬▬ ▭▬ ▬ ▬▭ ▬▬▬ ▭ ▬ ▬▭▬ ▭▬ ▬▬ ▭ ▬ ▭ ▬▬ ▭▬ ▬ ▬▭ ▬▬▬ ▭ ▬ ▬▭▬ ▭▬ ▬▬ ▭ ▬ ▭ ▬▬ ▭▬ ▬ ▬▭ ▬▬▬ ▭ ▬ ▬▭▬ ▭▬ ▬▬ ▭ ▬ ▭ ▬▬ ▭▬ ▬ ▬▭ ▬▬▬ ▭ ▬ ▬▭▬ ▭▬ ▬▬ ▭ ▬ ▭ ▬▬ ▭▬ ▬ ▬▭ ▬▬▬ ▭ ▬ ▬▭▬ ▭▬ ▬▬ ▭ ▬ ▭ ▬▬ ▭▬ ▬ ▬▭ ▬▬▬ ▭ ▬ ▬▭▬ ▭▬ ▬▬ ▭ ▬ ▭ ▬▬ ▭▬ ▬ ▬▭ ▬▬▬ ▭ ▬ ▬▭▬ ▭▬ ▬▬ ▭ ▬ ▭ ▬▬ ▭▬ ▬ ▬▭ ▬▬▬ ▭ ▬ ▬▭▬ ▭▬ ▬▬ ▭ ▬ ▭ ▬▬ ▭▬ ▬ ▬▭ ▬▬▬ ▭ ▬ ▬▭▬ ▭▬ ▬▬ ▭ ▬ ▭ ▬▬ ▭▬ ▬ ▬▭ ▬▬▬ ▭ ▬ ▬▭▬ ▭▬ ▬▬ ▭ ▬ ▭ ▬▬ ▭▬ ▬ ▬▭ ▬▬▬ ▭ ▬ ▬▭▬ ▭▬ ▬▬ ▭ ▬ ▭ ▬▬ ▭▬ ▬ ▬▭ ▬▬▬ ▭ ▬ ▬▭▬ ▭▬ ▬▬ ▭ ▬ ▭ ▬▬ ▭▬ ▬ ▬▭ ▬▬▬ ▭ ▬ ▬▭▬ ▭▬ ▬▬ ▭ ▬ ▭ ▬▬ ▭▬ ▬ ▬▭ ▬▬▬ ▭ ▬ ▬▭▬ ▭▬ ▬▬ ▭ ▬ ▭ ▬▬ ▭▬ ▬ ▬▭ ▬▬▬ ▭ ▬ ▬▭▬ ▭▬ ▬▬ ▭ ▬ ▭ ▬▬ ▭▬ ▬ ▬▭ ▬▬▬ ▭ ▬ ▬▭▬ ▭▬ ▬▬ ▭ ▬ ▭ ▬▬ ▭▬ ▬ ▬▭ ▬▬▬ ▭ ▬ ▬▭▬ ▭▬ ▬▬ ▭ ▬ ▭ ▬▬ ▭▬ ▬ ▬▭ ▬▬▬ ▭ ▬ ▬▭▬ ▭▬ ▬▬ ▭ ▬ ▭ ▬▬ ▭▬ ▬ ▬▭ ▬▬▬ ▭ ▬ ▬▭▬ ▭▬ ▬▬ ▭ ▬ ▭ ▬▬ ▭▬ ▬ ▬▭ ▬▬▬ ▭ ▬ ▬▭▬ ▭▬ ▬▬ ▭ ▬ ▭ ▬▬ ▭▬ ▬ ▬▭ ▬▬▬ ▭ ▬ ▬▭▬ ▭▬ ▬▬ ▭ ▬ ▭ ▬▬ ▭▬ ▬ ▬▭ ▬▬▬ ▭ ▬ ▬▭▬ ▭▬ ▬▬ ▭ ▬ ▭ ▬▬ ▭▬ ▬ ▬▭ ▬▬▬ ▭ ▬ ▬▭▬ ▭▬ ▬▬ ▭ ▬ ▭ ▬▬ ▭▬ ▬ ▬▭ ▬▬▬ ▭ ▬ ▬▭▬ ▭▬ ▬▬ ▭ ▬ ▭ ▬▬ ▭▬ ▬ ▬▭ ▬▬▬ ▭ ▬ ▬▭▬ ▭▬ ▬▬ ▭ ▬ ▭ ▬▬ ▭▬ ▬ ▬▭ ▬▬▬ ▭ ▬ ▬▭▬ ▭▬ ▬▬ ▭ ▬ ▭ ▬▬ ▭▬ ▬ ▬▭ ▬▬▬ ▭ ▬ ▬▭▬ ▭▬ ▬▬ ▭ ▬ ▭ ▬▬ ▭▬ ▬ ▬▭ ▬▬▬ ▭ ▬ ▬▭▬ ▭▬ ▬▬ ▭ ▬ ▭ ▬▬ ▭▬ ▬ ▬▭ ▬▬▬ ▭ ▬ ▬▭▬ ▭▬ ▬▬ ▭ ▬ ▭ ▬▬ ▭▬ ▬ ▬▭ ▬▬▬ ▭ ▬ ▬▭▬ ▭▬ ▬▬ ▭ ▬ ▭ ▬▬ ▭▬ ▬ ▬▭ ▬▬▬ ▭ ▬ ▬▭▬ ▭▬ ▬▬ ▭ ▬ ▭ ▬▬ ▭▬ ▬ ▬▭ ▬▬▬ ▭ ▬ ▬▭▬ ▭▬ ▬▬ ▭ ▬ ▭ ▬▬ ▭▬ ▬ ▬▭ ▬▬▬ ▭ ▬ ▬▭▬ ▭▬ ▬▬ ▭ ▬ ▭ ▬▬ ▭▬ ▬ ▬▭ ▬▬▬ ▭ ▬ ▬▭▬ ▭▬ ▬▬ ▭ ▬ ▭ ▬▬ ▭▬ ▬ ▬▭ ▬▬▬ ▭ ▬ ▬▭▬ ▭▬ ▬▬ ▭ ▬ ▭ ▬▬ ▭▬ ▬ ▬▭ ▬▬▬ ▭ ▬ ▬▭▬ ▭▬ ▬▬ ▭ ▬ ▭ ▬▬ ▭▬ ▬ ▬▭ ▬▬▬ ▭ ▬ ▬▭▬ ▭▬ ▬▬ ▭ ▬ ▭ ▬▬ ▭▬ ▬ ▬▭ ▬▬▬ ▭ ▬ ▬▭▬ ▭▬ ▬▬ ▭ ▬ ▭ ▬▬ ▭▬ ▬ ▬▭ ▬▬▬ ▭ ▬ ▬▭▬ ▭▬ ▬▬ ▭ ▬ ▭ ▬▬ ▭▬ ▬ ▬▭ ▬▬▬ ▭ ▬ ▬▭▬ ▭▬ ▬▬ ▭ ▬ ▭ ▬▬ ▭▬ ▬ ▬▭ ▬▬▬ ▭ ▬ ▬▭▬ ▭▬ ▬▬ ▭ ▬ ▭ ▬▬ ▭▬ ▬ ▬▭ ▬▬▬ ▭ ▬ ▬▭▬ ▭▬ ▬▬ ▭ ▬ ▭ ▬▬ ▭▬ ▬ ▬▭ ▬▬▬ ▭ ▬ ▬▭▬ ▭▬ ▬▬ ▭ ▬ ▭ ▬▬ ▭▬ ▬ ▬▭ ▬▬▬ ▭ ▬ ▬▭▬ ▭▬ ▬▬ ▭
Politische Rundschau.
▬ ▭ ▬▬ ▭▬ ▬ ▬▭ ▬▬▬ ▭ ▬ ▬▭▬ ▭▬ ▬▬ ▭ ▬ ▭ ▬▬ ▭▬ ▬ ▬▭ ▬▬▬ ▭ ▬ ▬▭▬ ▭▬ ▬▬ ▭ ▬ ▭ ▬▬ ▭▬ ▬ ▬▭ ▬▬▬ ▭ ▬ ▬▭▬ ▭▬ ▬▬ ▭ ▬ ▭ ▬▬ ▭▬ ▬ ▬▭ ▬▬▬ ▭ ▬ ▬▭▬ ▭▬ ▬▬ ▭ ▬ ▭ ▬▬ ▭▬ ▬ ▬▭ ▬▬▬ ▭ ▬ ▬▭▬ ▭▬ ▬▬ ▭ ▬ ▭ ▬▬ ▭▬ ▬ ▬▭ ▬▬▬ ▭ ▬ ▬▭▬ ▭▬ ▬▬ ▭ ▬ ▭ ▬▬ ▭▬ ▬ ▬▭ ▬▬▬ ▭ ▬ ▬▭▬ ▭▬ ▬▬ ▭ ▬ ▭ ▬▬ ▭▬ ▬ ▬▭ ▬▬▬ ▭ ▬ ▬▭▬ ▭▬ ▬▬ ▭ ▬ ▭ ▬▬ ▭▬ ▬ ▬▭ ▬▬▬ ▭ ▬ ▬▭▬ ▭▬ ▬▬ ▭ ▬ ▭ ▬▬ ▭▬ ▬ ▬▭ ▬▬▬ ▭ ▬ ▬▭▬ ▭▬ ▬▬ ▭ ▬ ▭ ▬▬ ▭▬ ▬ ▬▭ ▬▬▬ ▭ ▬ ▬▭▬ ▭▬ ▬▬ ▭ ▬ ▭ ▬▬ ▭▬ ▬ ▬▭ ▬▬▬ ▭ ▬ ▬▭▬ ▭▬ ▬▬ ▭ ▬ ▭ ▬▬ ▭▬ ▬ ▬▭ ▬▬▬ ▭ ▬ ▬▭▬ ▭▬ ▬▬ ▭ ▬ ▭ ▬▬ ▭▬ ▬ ▬▭ ▬▬▬ ▭ ▬ ▬▭▬ ▭▬ ▬▬ ▭ ▬ ▭ ▬▬ ▭▬ ▬ ▬▭ ▬▬▬ ▭ ▬ ▬▭▬ ▭▬ ▬▬ ▭ ▬ ▭ ▬▬ ▭▬ ▬ ▬▭ ▬▬▬ ▭ ▬ ▬▭▬ ▭▬ ▬▬ ▭ ▬ ▭ ▬▬ ▭▬ ▬ ▬▭ ▬▬▬ ▭ ▬ ▬▭▬ ▭▬ ▬▬ ▭ ▬ ▭ ▬▬ ▭▬ ▬ ▬▭ ▬▬▬ ▭ ▬ ▬▭▬ ▭▬ ▬▬ ▭ ▬ ▭ ▬▬ ▭▬ ▬ ▬▭ ▬▬▬ ▭ ▬ ▬▭▬ ▭▬ ▬▬ ▭ ▬ ▭ ▬▬ ▭▬ ▬ ▬▭ ▬▬▬ ▭ ▬ ▬▭▬ ▭▬ ▬▬ ▭ ▬ ▭ ▬▬ ▭▬ ▬ ▬▭ ▬▬▬ ▭ ▬ ▬▭▬ ▭▬ ▬▬ ▭ ▬ ▭ ▬▬ ▭▬ ▬ ▬▭ ▬▬▬ ▭ ▬ ▬▭▬ ▭▬ ▬▬ ▭ ▬ ▭ ▬▬ ▭▬ ▬ ▬▭ ▬▬▬ ▭ ▬ ▬▭▬ ▭▬ ▬▬ ▭ ▬ ▭ ▬▬ ▭▬ ▬ ▬▭ ▬▬▬ ▭ ▬ ▬▭▬ ▭▬ ▬▬ ▭ ▬ ▭ ▬▬ ▭▬ ▬ ▬▭ ▬▬▬ ▭ ▬ ▬▭▬ ▭▬ ▬▬ ▭ ▬ ▭ ▬▬ ▭▬ ▬ ▬▭ ▬▬▬ ▭ ▬ ▬▭▬ ▭▬ ▬▬ ▭ ▬ ▭ ▬▬ ▭▬ ▬ ▬▭ ▬▬▬ ▭ ▬ ▬▭▬ ▭▬ ▬▬ ▭ ▬ ▭ ▬▬ ▭▬ ▬ ▬▭ ▬▬▬ ▭ ▬ ▬▭▬ ▭▬ ▬▬ ▭ ▬ ▭ ▬▬ ▭▬ ▬ ▬▭ ▬▬▬ ▭ ▬ ▬▭▬ ▭▬ ▬▬ ▭ ▬ ▭ ▬▬ ▭▬ ▬ ▬▭ ▬▬▬ ▭ ▬ ▬▭▬ ▭▬ ▬▬ ▭ ▬ ▭ ▬▬ ▭▬ ▬ ▬▭ ▬▬▬ ▭ ▬ ▬▭▬ ▭▬ ▬▬ ▭ ▬ ▭ ▬▬ ▭▬ ▬ ▬▭ ▬▬▬ ▭ ▬ ▬▭▬ ▭▬ ▬▬ ▭ ▬ ▭ ▬▬ ▭▬ ▬ ▬▭ ▬▬▬ ▭ ▬ ▬▭▬ ▭▬ ▬▬ ▭ ▬ ▭ ▬▬ ▭▬ ▬ ▬▭ ▬▬▬ ▭ ▬ ▬▭▬ ▭▬ ▬▬ ▭ ▬ ▭ ▬▬ ▭▬ ▬ ▬▭ ▬▬▬ ▭ ▬ ▬▭▬ ▭▬ ▬▬ ▭ ▬ ▭ ▬▬ ▭▬ ▬ ▬▭ ▬▬▬ ▭ ▬ ▬▭▬ ▭▬ ▬▬ ▭ ▬ ▭ ▬▬ ▭▬ ▬ ▬▭ ▬▬▬ ▭ ▬ ▬▭▬ ▭▬ ▬▬ ▭ ▬ ▭ ▬▬ ▭▬ ▬ ▬▭ ▬▬▬ ▭ ▬ ▬▭▬ ▭▬ ▬▬ ▭ ▬ ▭ ▬▬ ▭▬ ▬ ▬▭ ▬▬▬ ▭ ▬ ▬▭▬ ▭▬ ▬▬ ▭ ▬ ▭ ▬▬ ▭▬ ▬ ▬▭ ▬▬▬ ▭ ▬ ▬▭▬ ▭▬ ▬▬ ▭ ▬ ▭ ▬▬ ▭▬ ▬ ▬▭ ▬▬▬ ▭ ▬ ▬▭▬ ▭▬ ▬▬ ▭ ▬ ▭ ▬▬ ▭▬ ▬ ▬▭ ▬▬▬ ▭ ▬ ▬▭▬ ▭▬ ▬▬ ▭ ▬ ▭ ▬▬ ▭▬ ▬ ▬▭ ▬▬▬ ▭ ▬ ▬▭▬ ▭▬ ▬▬ ▭ ▬ ▭ ▬▬ ▭▬ ▬ ▬▭ ▬▬▬ ▭ ▬ ▬▭▬ ▭▬ ▬▬ ▭ ▬ ▭ ▬▬ ▭▬ ▬ ▬▭ ▬▬▬ ▭ ▬ ▬▭▬ ▭▬ ▬▬ ▭ ▬ ▭ ▬▬ ▭▬ ▬ ▬▭ ▬▬▬ ▭ ▬ ▬▭▬ ▭▬ ▬▬ ▭ ▬ ▭ ▬▬ ▭▬ ▬ ▬▭ ▬▬▬ ▭ ▬ ▬▭▬ ▭▬ ▬▬ ▭ ▬ ▭ ▬▬ ▭▬ ▬ ▬▭ ▬▬▬ ▭ ▬ ▬▭▬ ▭▬ ▬▬ ▭ ▬ ▭ ▬▬ ▭▬ ▬ ▬▭ ▬▬▬ ▭ ▬ ▬▭▬ ▭▬ ▬▬ ▭ ▬ ▭ ▬▬ ▭▬ ▬ ▬▭ ▬▬▬ ▭ ▬ ▬▭▬ ▭▬ ▬▬ ▭ ▬ ▭ ▬▬ ▭▬ ▬ ▬▭ ▬▬▬ ▭ ▬ ▬▭▬ ▭▬ ▬▬ ▭ ▬ ▭ ▬▬ ▭▬ ▬ ▬▭ ▬▬▬ ▭ ▬ ▬▭▬ ▭▬ ▬▬ ▭ ▬ ▭ ▬▬ ▭▬ ▬ ▬▭ ▬▬▬ ▭ ▬ ▬▭▬ ▭▬ ▬▬ ▭ ▬ ▭ ▬▬ ▭▬ ▬ ▬▭ ▬▬▬ ▭ ▬ ▬▭▬ ▭▬ ▬▬ ▭ ▬ ▭ ▬▬ ▭▬ ▬ ▬▭ ▬▬▬ ▭ ▬ ▬▭▬ ▭▬ ▬▬ ▭ ▬ ▭ ▬▬ ▭▬ ▬ ▬▭ ▬▬▬ ▭ ▬ ▬▭▬ ▭▬ ▬▬ ▭ ▬ ▭ ▬▬ ▭▬ ▬ ▬▭ ▬▬▬ ▭ ▬ ▬▭▬ ▭▬ ▬▬ ▭ ▬ ▭ ▬▬ ▭▬ ▬ ▬▭ ▬▬▬ ▭ ▬ ▬▭▬ ▭▬ ▬▬ ▭ ▬ ▭ ▬▬ ▭▬ ▬ ▬▭ ▬▬▬ ▭ ▬ ▬▭▬ ▭▬ ▬▬ ▭ ▬ ▭ ▬▬ ▭▬ ▬ ▬▭ ▬▬▬ ▭ ▬ ▬▭▬ ▭▬ ▬▬ ▭ ▬ ▭ ▬▬ ▭▬ ▬ ▬▭ ▬▬▬ ▭ ▬ ▬▭▬ ▭▬ ▬▬ ▭ ▬ ▭ ▬▬ ▭▬ ▬ ▬▭ ▬▬▬ ▭ ▬ ▬▭▬ ▭▬ ▬▬ ▭ ▬ ▭ ▬▬ ▭▬ ▬ ▬▭ ▬▬▬ ▭ ▬ ▬▭▬ ▭▬ ▬▬ ▭ ▬ ▭ ▬▬ ▭▬ ▬ ▬▭ ▬▬▬ ▭ ▬ ▬▭▬ ▭▬ ▬▬ ▭ ▬ ▭ ▬▬ ▭▬ ▬ ▬▭ ▬▬▬ ▭ ▬ ▬▭▬ ▭▬ ▬▬ ▭ ▬ ▭ ▬▬ ▭▬ ▬ ▬▭ ▬▬▬ ▭ ▬ ▬▭▬ ▭▬ ▬▬ ▭ ▬ ▭ ▬▬ ▭▬ ▬ ▬▭ ▬▬▬ ▭ ▬ ▬▭▬ ▭▬ ▬▬ ▭ ▬ ▭ ▬▬ ▭▬ ▬ ▬▭ ▬▬▬ ▭ ▬ ▬▭▬ ▭▬ ▬▬ ▭ ▬ ▭ ▬▬ ▭▬ ▬ ▬▭ ▬▬▬ ▭ ▬ ▬▭▬ ▭▬ ▬▬ ▭ ▬ ▭ ▬▬ ▭▬ ▬ ▬▭ ▬▬▬ ▭ ▬ ▬▭▬ ▭▬ ▬▬ ▭ ▬ ▭ ▬▬ ▭▬ ▬ ▬▭ ▬▬▬ ▭ ▬ ▬▭▬ ▭▬ ▬▬ ▭ ▬ ▭ ▬▬ ▭▬ ▬ ▬▭ ▬▬▬ ▭ ▬ ▬▭▬ ▭▬ ▬▬ ▭ ▬ ▭ ▬▬ ▭▬ ▬ ▬▭ ▬▬▬ ▭ ▬ ▬▭▬ ▭▬ ▬▬ ▭ ▬ ▭ ▬▬ ▭▬ ▬ ▬▭ ▬▬▬ ▭ ▬ ▬▭▬ ▭▬ ▬▬ ▭ ▬ ▭ ▬▬ ▭▬ ▬ ▬▭ ▬▬▬ ▭ ▬ ▬▭▬ ▭▬ ▬▬ ▭ ▬ ▭ ▬▬ ▭▬ ▬ ▬▭ ▬▬▬ ▭ ▬ ▬▭▬ ▭▬ ▬▬ ▭ ▬ ▭ ▬▬ ▭▬ ▬ ▬▭ ▬▬▬ ▭ ▬ ▬▭▬ ▭▬ ▬▬ ▭ ▬ ▭ ▬▬ ▭▬ ▬ ▬▭ ▬▬▬ ▭ ▬ ▬▭▬ ▭▬ ▬▬ ▭ ▬ ▭ ▬▬ ▭▬ ▬ ▬▭ ▬▬▬ ▭ ▬ ▬▭▬ ▭▬ ▬▬ ▭ ▬ ▭ ▬▬ ▭▬ ▬ ▬▭ ▬▬▬ ▭ ▬ ▬▭▬ ▭▬ ▬▬ ▭ ▬ ▭ ▬▬ ▭▬ ▬ ▬▭ ▬▬▬ ▭ ▬ ▬▭▬ ▭▬ ▬▬ ▭ ▬ ▭ ▬▬ ▭▬ ▬ ▬▭ ▬▬▬ ▭ ▬ ▬▭▬ ▭▬ ▬▬ ▭ ▬ ▭ ▬▬ ▭▬ ▬ ▬▭ ▬▬▬ ▭ ▬ ▬▭▬ ▭▬ ▬▬ ▭ ▬ ▭ ▬▬ ▭▬ ▬ ▬▭ ▬▬▬ ▭ ▬ ▬▭▬ ▭▬ ▬▬ ▭
Vermischtes.
▬ ▭ ▬▬ ▭▬ ▬ ▬▭ ▬▬▬ ▭ ▬ ▬▭▬ ▭▬ ▬▬ ▭ ▬ ▭ ▬▬ ▭▬ ▬ ▬▭ ▬▬▬ ▭ ▬ ▬▭▬ ▭▬ ▬▬ ▭ ▬ ▭ ▬▬ ▭▬ ▬ ▬▭ ▬▬▬ ▭ ▬ ▬▭▬ ▭▬ ▬▬ ▭ ▬ ▭ ▬▬ ▭▬ ▬ ▬▭ ▬▬▬ ▭ ▬ ▬▭▬ ▭▬ ▬▬ ▭ ▬ ▭ ▬▬ ▭▬ ▬ ▬▭ ▬▬▬ ▭ ▬ ▬▭▬ ▭▬ ▬▬ ▭ ▬ ▭ ▬▬ ▭▬ ▬ ▬▭ ▬▬▬ ▭ ▬ ▬▭▬ ▭▬ ▬▬ ▭ ▬ ▭ ▬▬ ▭▬ ▬ ▬▭ ▬▬▬ ▭ ▬ ▬▭▬ ▭▬ ▬▬ ▭ ▬ ▭ ▬▬ ▭▬ ▬ ▬▭ ▬▬▬ ▭ ▬ ▬▭▬ ▭▬ ▬▬ ▭ ▬ ▭ ▬▬ ▭▬ ▬ ▬▭ ▬▬▬ ▭ ▬ ▬▭▬ ▭▬ ▬▬ ▭ ▬ ▭ ▬▬ ▭▬ ▬ ▬▭ ▬▬▬ ▭ ▬ ▬▭▬ ▭▬ ▬▬ ▭ ▬ ▭ ▬▬ ▭▬ ▬ ▬▭ ▬▬▬ ▭ ▬ ▬▭▬ ▭▬ ▬▬ ▭ ▬ ▭ ▬▬ ▭▬ ▬ ▬▭ ▬▬▬ ▭ ▬ ▬▭▬ ▭▬ ▬▬ ▭ ▬ ▭ ▬▬ ▭▬ ▬ ▬▭ ▬▬▬ ▭ ▬ ▬▭▬ ▭▬ ▬▬ ▭ ▬ ▭ ▬▬ ▭▬ ▬ ▬▭ ▬▬▬ ▭ ▬ ▬▭▬ ▭▬ ▬▬ ▭ ▬ ▭ ▬▬ ▭▬ ▬ ▬▭ ▬▬▬ ▭ ▬ ▬▭▬ ▭▬ ▬▬ ▭ ▬ ▭ ▬▬ ▭▬ ▬ ▬▭ ▬▬▬ ▭ ▬ ▬▭▬ ▭▬ ▬▬ ▭ ▬ ▭ ▬▬ ▭▬ ▬ ▬▭ ▬▬▬ ▭ ▬ ▬▭▬ ▭▬ ▬▬ ▭ ▬ ▭ ▬▬ ▭▬ ▬ ▬▭ ▬▬▬ ▭ ▬ ▬▭▬ ▭▬ ▬▬ ▭ ▬ ▭ ▬▬ ▭▬ ▬ ▬▭ ▬▬▬ ▭ ▬ ▬▭▬ ▭▬ ▬▬ ▭ ▬ ▭ ▬▬ ▭▬ ▬ ▬▭ ▬▬▬ ▭ ▬ ▬▭▬ ▭▬ ▬▬ ▭ ▬ ▭ ▬▬ ▭▬ ▬ ▬▭ ▬▬▬ ▭ ▬ ▬▭▬ ▭▬ ▬▬ ▭ ▬ ▭ ▬▬ ▭▬ ▬ ▬▭ ▬▬▬ ▭ ▬ ▬▭▬ ▭▬ ▬▬ ▭ ▬ ▭ ▬▬ ▭▬ ▬ ▬▭ ▬▬▬ ▭ ▬ ▬▭▬ ▭▬ ▬▬ ▭ ▬ ▭ ▬▬ ▭▬ ▬ ▬▭ ▬▬▬ ▭ ▬ ▬▭▬ ▭▬ ▬▬ ▭ ▬ ▭ ▬▬ ▭▬ ▬ ▬▭ ▬▬▬ ▭ ▬ ▬▭▬ ▭▬ ▬▬ ▭ ▬ ▭ ▬▬ ▭▬ ▬ ▬▭ ▬▬▬ ▭ ▬ ▬▭▬ ▭▬ ▬▬ ▭ ▬ ▭ ▬▬ ▭▬ ▬ ▬▭ ▬▬▬ ▭ ▬ ▬▭▬ ▭▬ ▬▬ ▭ ▬ ▭ ▬▬ ▭▬ ▬ ▬▭ ▬▬▬ ▭ ▬ ▬▭▬ ▭▬ ▬▬ ▭ ▬ ▭ ▬▬ ▭▬ ▬ ▬▭ ▬▬▬ ▭ ▬ ▬▭▬ ▭▬ ▬▬ ▭ ▬ ▭ ▬▬ ▭▬ ▬ ▬▭ ▬▬▬ ▭ ▬ ▬▭▬ ▭▬ ▬▬ ▭ ▬ ▭ ▬▬ ▭▬ ▬ ▬▭ ▬▬▬ ▭ ▬ ▬▭▬ ▭▬ ▬▬ ▭ ▬ ▭ ▬▬ ▭▬ ▬ ▬▭ ▬▬▬ ▭ ▬ ▬▭▬ ▭▬ ▬▬ ▭ ▬ ▭ ▬▬ ▭▬ ▬ ▬▭ ▬▬▬ ▭ ▬ ▬▭▬ ▭▬ ▬▬ ▭ ▬ ▭ ▬▬ ▭▬ ▬ ▬▭ ▬▬▬ ▭ ▬ ▬▭▬ ▭▬ ▬▬ ▭ ▬ ▭ ▬▬ ▭▬ ▬ ▬▭ ▬▬▬ ▭ ▬ ▬▭▬ ▭▬ ▬▬ ▭ ▬ ▭ ▬▬ ▭▬ ▬ ▬▭ ▬▬▬ ▭ ▬ ▬▭▬ ▭▬ ▬▬ ▭ ▬ ▭ ▬▬ ▭▬ ▬ ▬▭ ▬▬▬ ▭ ▬ ▬▭▬ ▭▬ ▬▬ ▭ ▬ ▭ ▬▬ ▭▬ ▬ ▬▭ ▬▬▬ ▭ ▬ ▬▭▬ ▭▬ ▬▬ ▭ ▬ ▭ ▬▬ ▭▬ ▬ ▬▭ ▬▬▬ ▭ ▬ ▬▭▬ ▭▬ ▬▬ ▭ ▬ ▭ ▬▬ ▭▬ ▬ ▬▭ ▬▬▬ ▭ ▬ ▬▭▬ ▭▬ ▬▬ ▭ ▬ ▭ ▬▬ ▭▬ ▬ ▬▭ ▬▬▬ ▭ ▬ ▬▭▬ ▭▬ ▬▬ ▭ ▬ ▭ ▬▬ ▭▬ ▬ ▬▭ ▬▬▬ ▭ ▬ ▬▭▬ ▭▬ ▬▬ ▭ ▬ ▭ ▬▬ ▭▬ ▬ ▬▭ ▬▬▬ ▭ ▬ ▬▭▬ ▭▬ ▬▬ ▭ ▬ ▭ ▬▬ ▭▬ ▬ ▬▭ ▬▬▬ ▭ ▬ ▬▭▬ ▭▬ ▬▬ ▭ ▬ ▭ ▬▬ ▭▬ ▬ ▬▭ ▬▬▬ ▭ ▬ ▬▭▬ ▭▬ ▬▬ ▭ ▬ ▭ ▬▬ ▭▬ ▬ ▬▭ ▬▬▬ ▭ ▬ ▬▭▬ ▭▬ ▬▬ ▭ ▬ ▭ ▬▬ ▭▬ ▬ ▬▭ ▬▬▬ ▭ ▬ ▬▭▬ ▭▬ ▬▬ ▭ ▬ ▭ ▬▬ ▭▬ ▬ ▬▭ ▬▬▬ ▭ ▬ ▬▭▬ ▭▬ ▬▬ ▭ ▬ ▭ ▬▬ ▭▬ ▬ ▬▭ ▬▬▬ ▭ ▬ ▬▭▬ ▭▬ ▬▬ ▭ ▬ ▭ ▬▬ ▭▬ ▬ ▬▭ ▬▬▬ ▭ ▬ ▬▭▬ ▭▬ ▬▬ ▭ ▬ ▭ ▬▬ ▭▬ ▬ ▬▭ ▬▬▬ ▭ ▬ ▬▭▬ ▭▬ ▬▬ ▭ ▬ ▭ ▬▬ ▭▬ ▬ ▬▭ ▬▬▬ ▭ ▬ ▬▭▬ ▭▬ ▬▬ ▭ ▬ ▭ ▬▬ ▭▬ ▬ ▬▭ ▬▬▬ ▭ ▬ ▬▭▬ ▭▬ ▬▬ ▭ ▬ ▭ ▬▬ ▭▬ ▬ ▬▭ ▬▬▬ ▭ ▬ ▬▭▬ ▭▬ ▬▬ ▭ ▬ ▭ ▬▬ ▭▬ ▬ ▬▭ ▬▬▬ ▭ ▬ ▬▭▬ ▭▬ ▬▬ ▭ ▬ ▭ ▬▬ ▭▬ ▬ ▬▭ ▬▬▬ ▭ ▬ ▬▭▬ ▭▬ ▬▬ ▭ ▬ ▭ ▬▬ ▭▬ ▬ ▬▭ ▬▬▬ ▭ ▬ ▬▭▬ ▭▬ ▬▬ ▭ ▬ ▭ ▬▬ ▭▬ ▬ ▬▭ ▬▬▬ ▭ ▬ ▬▭▬ ▭▬ ▬▬ ▭ ▬ ▭ ▬▬ ▭▬ ▬ ▬▭ ▬▬▬ ▭ ▬ ▬▭▬ ▭▬ ▬▬ ▭ ▬ ▭ ▬▬ ▭▬ ▬ ▬▭ ▬▬▬ ▭ ▬ ▬▭▬ ▭▬ ▬▬ ▭ ▬ ▭ ▬▬ ▭▬ ▬ ▬▭ ▬▬▬ ▭ ▬ ▬▭▬ ▭▬ ▬▬ ▭ ▬ ▭ ▬▬ ▭▬ ▬ ▬▭ ▬▬▬ ▭ ▬ ▬▭▬ ▭▬ ▬▬ ▭ ▬ ▭ ▬▬ ▭▬ ▬ ▬▭ ▬▬▬ ▭ ▬ ▬▭▬ ▭▬ ▬▬ ▭ ▬ ▭ ▬▬ ▭▬ ▬ ▬▭ ▬▬▬ ▭ ▬ ▬▭▬ ▭▬ ▬▬ ▭ ▬ ▭ ▬▬ ▭▬ ▬ ▬▭ ▬▬▬ ▭ ▬ ▬▭▬ ▭▬ ▬▬ ▭ ▬ ▭ ▬▬ ▭▬ ▬ ▬▭ ▬▬▬ ▭ ▬ ▬▭▬ ▭▬ ▬▬ ▭ ▬ ▭ ▬▬ ▭▬ ▬ ▬▭ ▬▬▬ ▭ ▬ ▬▭▬ ▭▬ ▬▬ ▭ ▬ ▭ ▬▬ ▭▬ ▬ ▬▭ ▬▬▬ ▭ ▬ ▬▭▬ ▭▬ ▬▬ ▭ ▬ ▭ ▬▬ ▭▬ ▬ ▬▭ ▬▬▬ ▭ ▬ ▬▭▬ ▭▬ ▬▬ ▭ ▬ ▭ ▬▬ ▭▬ ▬ ▬▭ ▬▬▬ ▭ ▬ ▬▭▬ ▭▬ ▬▬ ▭ ▬ ▭ ▬▬ ▭▬ ▬ ▬▭ ▬▬▬ ▭ ▬ ▬▭▬ ▭▬ ▬▬ ▭ ▬ ▭ ▬▬ ▭▬ ▬ ▬▭ ▬▬▬ ▭ ▬ ▬▭▬ ▭▬ ▬▬ ▭ ▬ ▭ ▬▬ ▭▬ ▬ ▬▭ ▬▬▬ ▭ ▬ ▬▭▬ ▭▬ ▬▬ ▭ ▬ ▭ ▬▬ ▭▬ ▬ ▬▭ ▬▬▬ ▭ ▬ ▬▭▬ ▭▬ ▬▬ ▭ ▬ ▭ ▬▬ ▭▬ ▬ ▬▭ ▬▬▬ ▭ ▬ ▬▭▬ ▭▬ ▬▬ ▭ ▬ ▭ ▬▬ ▭▬ ▬ ▬▭ ▬▬▬ ▭ ▬ ▬▭▬ ▭▬ ▬▬ ▭ ▬ ▭ ▬▬ ▭▬ ▬ ▬▭ ▬▬▬ ▭ ▬ ▬▭▬ ▭▬ ▬▬ ▭ ▬ ▭ ▬▬ ▭▬ ▬ ▬▭ ▬▬▬ ▭ ▬ ▬▭▬ ▭▬ ▬▬ ▭
